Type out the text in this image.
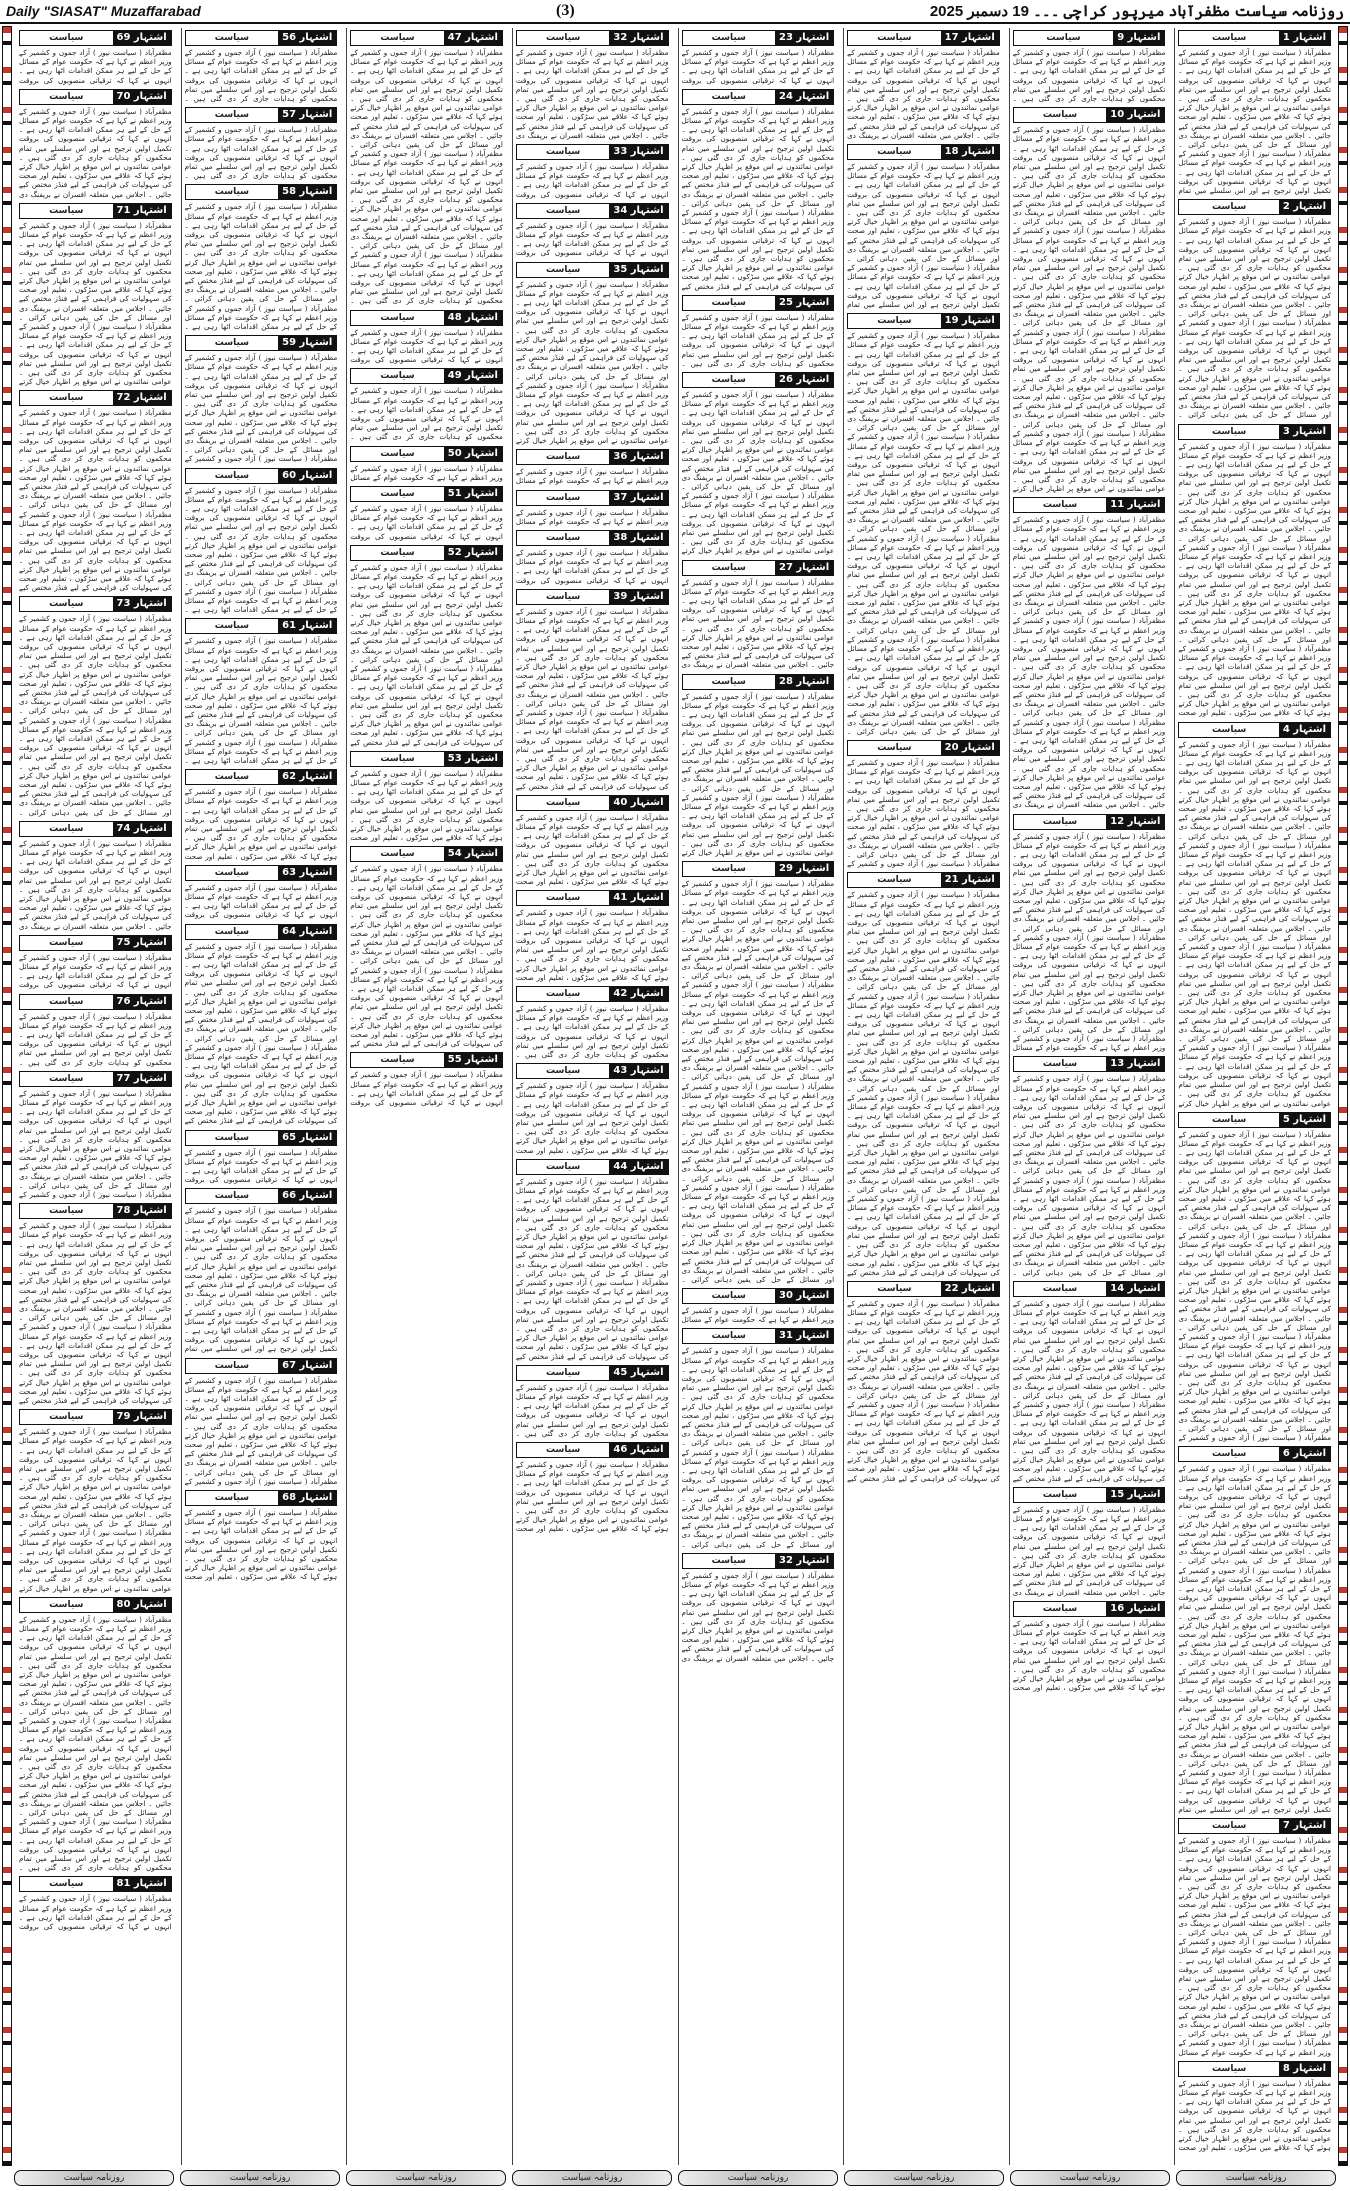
Daily "SIASAT" Muzaffarabad	(3)	روزنامہ سیاست مظفرآباد میرپور کراچی ۔۔۔ 19 دسمبر 2025
اشتہار 1
سیاست
مظفرآباد ( سیاست نیوز ) آزاد جموں و کشمیر کے وزیر اعظم نے کہا ہے کہ حکومت عوام کے مسائل کے حل کے لیے ہر ممکن اقدامات اٹھا رہی ہے ۔ انہوں نے کہا کہ ترقیاتی منصوبوں کی بروقت تکمیل اولین ترجیح ہے اور اس سلسلے میں تمام محکموں کو ہدایات جاری کر دی گئی ہیں ۔ عوامی نمائندوں نے اس موقع پر اظہار خیال کرتے ہوئے کہا کہ علاقے میں سڑکوں ، تعلیم اور صحت کی سہولیات کی فراہمی کے لیے فنڈز مختص کیے جائیں ۔ اجلاس میں متعلقہ افسران نے بریفنگ دی اور مسائل کے حل کی یقین دہانی کرائی ۔ مظفرآباد ( سیاست نیوز ) آزاد جموں و کشمیر کے وزیر اعظم نے کہا ہے کہ حکومت عوام کے مسائل کے حل کے لیے ہر ممکن اقدامات اٹھا رہی ہے ۔ انہوں نے کہا کہ ترقیاتی منصوبوں کی بروقت تکمیل اولین ترجیح ہے اور اس سلسلے میں تمام
اشتہار 2
سیاست
مظفرآباد ( سیاست نیوز ) آزاد جموں و کشمیر کے وزیر اعظم نے کہا ہے کہ حکومت عوام کے مسائل کے حل کے لیے ہر ممکن اقدامات اٹھا رہی ہے ۔ انہوں نے کہا کہ ترقیاتی منصوبوں کی بروقت تکمیل اولین ترجیح ہے اور اس سلسلے میں تمام محکموں کو ہدایات جاری کر دی گئی ہیں ۔ عوامی نمائندوں نے اس موقع پر اظہار خیال کرتے ہوئے کہا کہ علاقے میں سڑکوں ، تعلیم اور صحت کی سہولیات کی فراہمی کے لیے فنڈز مختص کیے جائیں ۔ اجلاس میں متعلقہ افسران نے بریفنگ دی اور مسائل کے حل کی یقین دہانی کرائی ۔ مظفرآباد ( سیاست نیوز ) آزاد جموں و کشمیر کے وزیر اعظم نے کہا ہے کہ حکومت عوام کے مسائل کے حل کے لیے ہر ممکن اقدامات اٹھا رہی ہے ۔ انہوں نے کہا کہ ترقیاتی منصوبوں کی بروقت تکمیل اولین ترجیح ہے اور اس سلسلے میں تمام محکموں کو ہدایات جاری کر دی گئی ہیں ۔ عوامی نمائندوں نے اس موقع پر اظہار خیال کرتے ہوئے کہا کہ علاقے میں سڑکوں ، تعلیم اور صحت کی سہولیات کی فراہمی کے لیے فنڈز مختص کیے جائیں ۔ اجلاس میں متعلقہ افسران نے بریفنگ دی اور مسائل کے حل کی یقین دہانی کرائی ۔
اشتہار 3
سیاست
مظفرآباد ( سیاست نیوز ) آزاد جموں و کشمیر کے وزیر اعظم نے کہا ہے کہ حکومت عوام کے مسائل کے حل کے لیے ہر ممکن اقدامات اٹھا رہی ہے ۔ انہوں نے کہا کہ ترقیاتی منصوبوں کی بروقت تکمیل اولین ترجیح ہے اور اس سلسلے میں تمام محکموں کو ہدایات جاری کر دی گئی ہیں ۔ عوامی نمائندوں نے اس موقع پر اظہار خیال کرتے ہوئے کہا کہ علاقے میں سڑکوں ، تعلیم اور صحت کی سہولیات کی فراہمی کے لیے فنڈز مختص کیے جائیں ۔ اجلاس میں متعلقہ افسران نے بریفنگ دی اور مسائل کے حل کی یقین دہانی کرائی ۔ مظفرآباد ( سیاست نیوز ) آزاد جموں و کشمیر کے وزیر اعظم نے کہا ہے کہ حکومت عوام کے مسائل کے حل کے لیے ہر ممکن اقدامات اٹھا رہی ہے ۔ انہوں نے کہا کہ ترقیاتی منصوبوں کی بروقت تکمیل اولین ترجیح ہے اور اس سلسلے میں تمام محکموں کو ہدایات جاری کر دی گئی ہیں ۔ عوامی نمائندوں نے اس موقع پر اظہار خیال کرتے ہوئے کہا کہ علاقے میں سڑکوں ، تعلیم اور صحت کی سہولیات کی فراہمی کے لیے فنڈز مختص کیے جائیں ۔ اجلاس میں متعلقہ افسران نے بریفنگ دی اور مسائل کے حل کی یقین دہانی کرائی ۔ مظفرآباد ( سیاست نیوز ) آزاد جموں و کشمیر کے وزیر اعظم نے کہا ہے کہ حکومت عوام کے مسائل کے حل کے لیے ہر ممکن اقدامات اٹھا رہی ہے ۔ انہوں نے کہا کہ ترقیاتی منصوبوں کی بروقت تکمیل اولین ترجیح ہے اور اس سلسلے میں تمام محکموں کو ہدایات جاری کر دی گئی ہیں ۔ عوامی نمائندوں نے اس موقع پر اظہار خیال کرتے ہوئے کہا کہ علاقے میں سڑکوں ، تعلیم اور صحت
اشتہار 4
سیاست
مظفرآباد ( سیاست نیوز ) آزاد جموں و کشمیر کے وزیر اعظم نے کہا ہے کہ حکومت عوام کے مسائل کے حل کے لیے ہر ممکن اقدامات اٹھا رہی ہے ۔ انہوں نے کہا کہ ترقیاتی منصوبوں کی بروقت تکمیل اولین ترجیح ہے اور اس سلسلے میں تمام محکموں کو ہدایات جاری کر دی گئی ہیں ۔ عوامی نمائندوں نے اس موقع پر اظہار خیال کرتے ہوئے کہا کہ علاقے میں سڑکوں ، تعلیم اور صحت کی سہولیات کی فراہمی کے لیے فنڈز مختص کیے جائیں ۔ اجلاس میں متعلقہ افسران نے بریفنگ دی اور مسائل کے حل کی یقین دہانی کرائی ۔ مظفرآباد ( سیاست نیوز ) آزاد جموں و کشمیر کے وزیر اعظم نے کہا ہے کہ حکومت عوام کے مسائل کے حل کے لیے ہر ممکن اقدامات اٹھا رہی ہے ۔ انہوں نے کہا کہ ترقیاتی منصوبوں کی بروقت تکمیل اولین ترجیح ہے اور اس سلسلے میں تمام محکموں کو ہدایات جاری کر دی گئی ہیں ۔ عوامی نمائندوں نے اس موقع پر اظہار خیال کرتے ہوئے کہا کہ علاقے میں سڑکوں ، تعلیم اور صحت کی سہولیات کی فراہمی کے لیے فنڈز مختص کیے جائیں ۔ اجلاس میں متعلقہ افسران نے بریفنگ دی اور مسائل کے حل کی یقین دہانی کرائی ۔ مظفرآباد ( سیاست نیوز ) آزاد جموں و کشمیر کے وزیر اعظم نے کہا ہے کہ حکومت عوام کے مسائل کے حل کے لیے ہر ممکن اقدامات اٹھا رہی ہے ۔ انہوں نے کہا کہ ترقیاتی منصوبوں کی بروقت تکمیل اولین ترجیح ہے اور اس سلسلے میں تمام محکموں کو ہدایات جاری کر دی گئی ہیں ۔ عوامی نمائندوں نے اس موقع پر اظہار خیال کرتے ہوئے کہا کہ علاقے میں سڑکوں ، تعلیم اور صحت کی سہولیات کی فراہمی کے لیے فنڈز مختص کیے جائیں ۔ اجلاس میں متعلقہ افسران نے بریفنگ دی اور مسائل کے حل کی یقین دہانی کرائی ۔ مظفرآباد ( سیاست نیوز ) آزاد جموں و کشمیر کے وزیر اعظم نے کہا ہے کہ حکومت عوام کے مسائل کے حل کے لیے ہر ممکن اقدامات اٹھا رہی ہے ۔ انہوں نے کہا کہ ترقیاتی منصوبوں کی بروقت تکمیل اولین ترجیح ہے اور اس سلسلے میں تمام محکموں کو ہدایات جاری کر دی گئی ہیں ۔ عوامی نمائندوں نے اس موقع پر اظہار خیال کرتے
اشتہار 5
سیاست
مظفرآباد ( سیاست نیوز ) آزاد جموں و کشمیر کے وزیر اعظم نے کہا ہے کہ حکومت عوام کے مسائل کے حل کے لیے ہر ممکن اقدامات اٹھا رہی ہے ۔ انہوں نے کہا کہ ترقیاتی منصوبوں کی بروقت تکمیل اولین ترجیح ہے اور اس سلسلے میں تمام محکموں کو ہدایات جاری کر دی گئی ہیں ۔ عوامی نمائندوں نے اس موقع پر اظہار خیال کرتے ہوئے کہا کہ علاقے میں سڑکوں ، تعلیم اور صحت کی سہولیات کی فراہمی کے لیے فنڈز مختص کیے جائیں ۔ اجلاس میں متعلقہ افسران نے بریفنگ دی اور مسائل کے حل کی یقین دہانی کرائی ۔ مظفرآباد ( سیاست نیوز ) آزاد جموں و کشمیر کے وزیر اعظم نے کہا ہے کہ حکومت عوام کے مسائل کے حل کے لیے ہر ممکن اقدامات اٹھا رہی ہے ۔ انہوں نے کہا کہ ترقیاتی منصوبوں کی بروقت تکمیل اولین ترجیح ہے اور اس سلسلے میں تمام محکموں کو ہدایات جاری کر دی گئی ہیں ۔ عوامی نمائندوں نے اس موقع پر اظہار خیال کرتے ہوئے کہا کہ علاقے میں سڑکوں ، تعلیم اور صحت کی سہولیات کی فراہمی کے لیے فنڈز مختص کیے جائیں ۔ اجلاس میں متعلقہ افسران نے بریفنگ دی اور مسائل کے حل کی یقین دہانی کرائی ۔ مظفرآباد ( سیاست نیوز ) آزاد جموں و کشمیر کے وزیر اعظم نے کہا ہے کہ حکومت عوام کے مسائل کے حل کے لیے ہر ممکن اقدامات اٹھا رہی ہے ۔ انہوں نے کہا کہ ترقیاتی منصوبوں کی بروقت تکمیل اولین ترجیح ہے اور اس سلسلے میں تمام محکموں کو ہدایات جاری کر دی گئی ہیں ۔ عوامی نمائندوں نے اس موقع پر اظہار خیال کرتے ہوئے کہا کہ علاقے میں سڑکوں ، تعلیم اور صحت کی سہولیات کی فراہمی کے لیے فنڈز مختص کیے جائیں ۔ اجلاس میں متعلقہ افسران نے بریفنگ دی اور مسائل کے حل کی یقین دہانی کرائی ۔ مظفرآباد ( سیاست نیوز ) آزاد جموں و کشمیر کے
اشتہار 6
سیاست
مظفرآباد ( سیاست نیوز ) آزاد جموں و کشمیر کے وزیر اعظم نے کہا ہے کہ حکومت عوام کے مسائل کے حل کے لیے ہر ممکن اقدامات اٹھا رہی ہے ۔ انہوں نے کہا کہ ترقیاتی منصوبوں کی بروقت تکمیل اولین ترجیح ہے اور اس سلسلے میں تمام محکموں کو ہدایات جاری کر دی گئی ہیں ۔ عوامی نمائندوں نے اس موقع پر اظہار خیال کرتے ہوئے کہا کہ علاقے میں سڑکوں ، تعلیم اور صحت کی سہولیات کی فراہمی کے لیے فنڈز مختص کیے جائیں ۔ اجلاس میں متعلقہ افسران نے بریفنگ دی اور مسائل کے حل کی یقین دہانی کرائی ۔ مظفرآباد ( سیاست نیوز ) آزاد جموں و کشمیر کے وزیر اعظم نے کہا ہے کہ حکومت عوام کے مسائل کے حل کے لیے ہر ممکن اقدامات اٹھا رہی ہے ۔ انہوں نے کہا کہ ترقیاتی منصوبوں کی بروقت تکمیل اولین ترجیح ہے اور اس سلسلے میں تمام محکموں کو ہدایات جاری کر دی گئی ہیں ۔ عوامی نمائندوں نے اس موقع پر اظہار خیال کرتے ہوئے کہا کہ علاقے میں سڑکوں ، تعلیم اور صحت کی سہولیات کی فراہمی کے لیے فنڈز مختص کیے جائیں ۔ اجلاس میں متعلقہ افسران نے بریفنگ دی اور مسائل کے حل کی یقین دہانی کرائی ۔ مظفرآباد ( سیاست نیوز ) آزاد جموں و کشمیر کے وزیر اعظم نے کہا ہے کہ حکومت عوام کے مسائل کے حل کے لیے ہر ممکن اقدامات اٹھا رہی ہے ۔ انہوں نے کہا کہ ترقیاتی منصوبوں کی بروقت تکمیل اولین ترجیح ہے اور اس سلسلے میں تمام محکموں کو ہدایات جاری کر دی گئی ہیں ۔ عوامی نمائندوں نے اس موقع پر اظہار خیال کرتے ہوئے کہا کہ علاقے میں سڑکوں ، تعلیم اور صحت کی سہولیات کی فراہمی کے لیے فنڈز مختص کیے جائیں ۔ اجلاس میں متعلقہ افسران نے بریفنگ دی اور مسائل کے حل کی یقین دہانی کرائی ۔ مظفرآباد ( سیاست نیوز ) آزاد جموں و کشمیر کے وزیر اعظم نے کہا ہے کہ حکومت عوام کے مسائل کے حل کے لیے ہر ممکن اقدامات اٹھا رہی ہے ۔ انہوں نے کہا کہ ترقیاتی منصوبوں کی بروقت تکمیل اولین ترجیح ہے اور اس سلسلے میں تمام
اشتہار 7
سیاست
مظفرآباد ( سیاست نیوز ) آزاد جموں و کشمیر کے وزیر اعظم نے کہا ہے کہ حکومت عوام کے مسائل کے حل کے لیے ہر ممکن اقدامات اٹھا رہی ہے ۔ انہوں نے کہا کہ ترقیاتی منصوبوں کی بروقت تکمیل اولین ترجیح ہے اور اس سلسلے میں تمام محکموں کو ہدایات جاری کر دی گئی ہیں ۔ عوامی نمائندوں نے اس موقع پر اظہار خیال کرتے ہوئے کہا کہ علاقے میں سڑکوں ، تعلیم اور صحت کی سہولیات کی فراہمی کے لیے فنڈز مختص کیے جائیں ۔ اجلاس میں متعلقہ افسران نے بریفنگ دی اور مسائل کے حل کی یقین دہانی کرائی ۔ مظفرآباد ( سیاست نیوز ) آزاد جموں و کشمیر کے وزیر اعظم نے کہا ہے کہ حکومت عوام کے مسائل کے حل کے لیے ہر ممکن اقدامات اٹھا رہی ہے ۔ انہوں نے کہا کہ ترقیاتی منصوبوں کی بروقت تکمیل اولین ترجیح ہے اور اس سلسلے میں تمام محکموں کو ہدایات جاری کر دی گئی ہیں ۔ عوامی نمائندوں نے اس موقع پر اظہار خیال کرتے ہوئے کہا کہ علاقے میں سڑکوں ، تعلیم اور صحت کی سہولیات کی فراہمی کے لیے فنڈز مختص کیے جائیں ۔ اجلاس میں متعلقہ افسران نے بریفنگ دی اور مسائل کے حل کی یقین دہانی کرائی ۔ مظفرآباد ( سیاست نیوز ) آزاد جموں و کشمیر کے وزیر اعظم نے کہا ہے کہ حکومت عوام کے مسائل
اشتہار 8
سیاست
مظفرآباد ( سیاست نیوز ) آزاد جموں و کشمیر کے وزیر اعظم نے کہا ہے کہ حکومت عوام کے مسائل کے حل کے لیے ہر ممکن اقدامات اٹھا رہی ہے ۔ انہوں نے کہا کہ ترقیاتی منصوبوں کی بروقت تکمیل اولین ترجیح ہے اور اس سلسلے میں تمام محکموں کو ہدایات جاری کر دی گئی ہیں ۔ عوامی نمائندوں نے اس موقع پر اظہار خیال کرتے ہوئے کہا کہ علاقے میں سڑکوں ، تعلیم اور صحت
اشتہار 9
سیاست
مظفرآباد ( سیاست نیوز ) آزاد جموں و کشمیر کے وزیر اعظم نے کہا ہے کہ حکومت عوام کے مسائل کے حل کے لیے ہر ممکن اقدامات اٹھا رہی ہے ۔ انہوں نے کہا کہ ترقیاتی منصوبوں کی بروقت تکمیل اولین ترجیح ہے اور اس سلسلے میں تمام محکموں کو ہدایات جاری کر دی گئی ہیں ۔
اشتہار 10
سیاست
مظفرآباد ( سیاست نیوز ) آزاد جموں و کشمیر کے وزیر اعظم نے کہا ہے کہ حکومت عوام کے مسائل کے حل کے لیے ہر ممکن اقدامات اٹھا رہی ہے ۔ انہوں نے کہا کہ ترقیاتی منصوبوں کی بروقت تکمیل اولین ترجیح ہے اور اس سلسلے میں تمام محکموں کو ہدایات جاری کر دی گئی ہیں ۔ عوامی نمائندوں نے اس موقع پر اظہار خیال کرتے ہوئے کہا کہ علاقے میں سڑکوں ، تعلیم اور صحت کی سہولیات کی فراہمی کے لیے فنڈز مختص کیے جائیں ۔ اجلاس میں متعلقہ افسران نے بریفنگ دی اور مسائل کے حل کی یقین دہانی کرائی ۔ مظفرآباد ( سیاست نیوز ) آزاد جموں و کشمیر کے وزیر اعظم نے کہا ہے کہ حکومت عوام کے مسائل کے حل کے لیے ہر ممکن اقدامات اٹھا رہی ہے ۔ انہوں نے کہا کہ ترقیاتی منصوبوں کی بروقت تکمیل اولین ترجیح ہے اور اس سلسلے میں تمام محکموں کو ہدایات جاری کر دی گئی ہیں ۔ عوامی نمائندوں نے اس موقع پر اظہار خیال کرتے ہوئے کہا کہ علاقے میں سڑکوں ، تعلیم اور صحت کی سہولیات کی فراہمی کے لیے فنڈز مختص کیے جائیں ۔ اجلاس میں متعلقہ افسران نے بریفنگ دی اور مسائل کے حل کی یقین دہانی کرائی ۔ مظفرآباد ( سیاست نیوز ) آزاد جموں و کشمیر کے وزیر اعظم نے کہا ہے کہ حکومت عوام کے مسائل کے حل کے لیے ہر ممکن اقدامات اٹھا رہی ہے ۔ انہوں نے کہا کہ ترقیاتی منصوبوں کی بروقت تکمیل اولین ترجیح ہے اور اس سلسلے میں تمام محکموں کو ہدایات جاری کر دی گئی ہیں ۔ عوامی نمائندوں نے اس موقع پر اظہار خیال کرتے ہوئے کہا کہ علاقے میں سڑکوں ، تعلیم اور صحت کی سہولیات کی فراہمی کے لیے فنڈز مختص کیے جائیں ۔ اجلاس میں متعلقہ افسران نے بریفنگ دی اور مسائل کے حل کی یقین دہانی کرائی ۔ مظفرآباد ( سیاست نیوز ) آزاد جموں و کشمیر کے وزیر اعظم نے کہا ہے کہ حکومت عوام کے مسائل کے حل کے لیے ہر ممکن اقدامات اٹھا رہی ہے ۔ انہوں نے کہا کہ ترقیاتی منصوبوں کی بروقت تکمیل اولین ترجیح ہے اور اس سلسلے میں تمام محکموں کو ہدایات جاری کر دی گئی ہیں ۔ عوامی نمائندوں نے اس موقع پر اظہار خیال کرتے
اشتہار 11
سیاست
مظفرآباد ( سیاست نیوز ) آزاد جموں و کشمیر کے وزیر اعظم نے کہا ہے کہ حکومت عوام کے مسائل کے حل کے لیے ہر ممکن اقدامات اٹھا رہی ہے ۔ انہوں نے کہا کہ ترقیاتی منصوبوں کی بروقت تکمیل اولین ترجیح ہے اور اس سلسلے میں تمام محکموں کو ہدایات جاری کر دی گئی ہیں ۔ عوامی نمائندوں نے اس موقع پر اظہار خیال کرتے ہوئے کہا کہ علاقے میں سڑکوں ، تعلیم اور صحت کی سہولیات کی فراہمی کے لیے فنڈز مختص کیے جائیں ۔ اجلاس میں متعلقہ افسران نے بریفنگ دی اور مسائل کے حل کی یقین دہانی کرائی ۔ مظفرآباد ( سیاست نیوز ) آزاد جموں و کشمیر کے وزیر اعظم نے کہا ہے کہ حکومت عوام کے مسائل کے حل کے لیے ہر ممکن اقدامات اٹھا رہی ہے ۔ انہوں نے کہا کہ ترقیاتی منصوبوں کی بروقت تکمیل اولین ترجیح ہے اور اس سلسلے میں تمام محکموں کو ہدایات جاری کر دی گئی ہیں ۔ عوامی نمائندوں نے اس موقع پر اظہار خیال کرتے ہوئے کہا کہ علاقے میں سڑکوں ، تعلیم اور صحت کی سہولیات کی فراہمی کے لیے فنڈز مختص کیے جائیں ۔ اجلاس میں متعلقہ افسران نے بریفنگ دی اور مسائل کے حل کی یقین دہانی کرائی ۔ مظفرآباد ( سیاست نیوز ) آزاد جموں و کشمیر کے وزیر اعظم نے کہا ہے کہ حکومت عوام کے مسائل کے حل کے لیے ہر ممکن اقدامات اٹھا رہی ہے ۔ انہوں نے کہا کہ ترقیاتی منصوبوں کی بروقت تکمیل اولین ترجیح ہے اور اس سلسلے میں تمام محکموں کو ہدایات جاری کر دی گئی ہیں ۔ عوامی نمائندوں نے اس موقع پر اظہار خیال کرتے ہوئے کہا کہ علاقے میں سڑکوں ، تعلیم اور صحت کی سہولیات کی فراہمی کے لیے فنڈز مختص کیے جائیں ۔ اجلاس میں متعلقہ افسران نے بریفنگ دی
اشتہار 12
سیاست
مظفرآباد ( سیاست نیوز ) آزاد جموں و کشمیر کے وزیر اعظم نے کہا ہے کہ حکومت عوام کے مسائل کے حل کے لیے ہر ممکن اقدامات اٹھا رہی ہے ۔ انہوں نے کہا کہ ترقیاتی منصوبوں کی بروقت تکمیل اولین ترجیح ہے اور اس سلسلے میں تمام محکموں کو ہدایات جاری کر دی گئی ہیں ۔ عوامی نمائندوں نے اس موقع پر اظہار خیال کرتے ہوئے کہا کہ علاقے میں سڑکوں ، تعلیم اور صحت کی سہولیات کی فراہمی کے لیے فنڈز مختص کیے جائیں ۔ اجلاس میں متعلقہ افسران نے بریفنگ دی اور مسائل کے حل کی یقین دہانی کرائی ۔ مظفرآباد ( سیاست نیوز ) آزاد جموں و کشمیر کے وزیر اعظم نے کہا ہے کہ حکومت عوام کے مسائل کے حل کے لیے ہر ممکن اقدامات اٹھا رہی ہے ۔ انہوں نے کہا کہ ترقیاتی منصوبوں کی بروقت تکمیل اولین ترجیح ہے اور اس سلسلے میں تمام محکموں کو ہدایات جاری کر دی گئی ہیں ۔ عوامی نمائندوں نے اس موقع پر اظہار خیال کرتے ہوئے کہا کہ علاقے میں سڑکوں ، تعلیم اور صحت کی سہولیات کی فراہمی کے لیے فنڈز مختص کیے جائیں ۔ اجلاس میں متعلقہ افسران نے بریفنگ دی اور مسائل کے حل کی یقین دہانی کرائی ۔ مظفرآباد ( سیاست نیوز ) آزاد جموں و کشمیر کے وزیر اعظم نے کہا ہے کہ حکومت عوام کے مسائل
اشتہار 13
سیاست
مظفرآباد ( سیاست نیوز ) آزاد جموں و کشمیر کے وزیر اعظم نے کہا ہے کہ حکومت عوام کے مسائل کے حل کے لیے ہر ممکن اقدامات اٹھا رہی ہے ۔ انہوں نے کہا کہ ترقیاتی منصوبوں کی بروقت تکمیل اولین ترجیح ہے اور اس سلسلے میں تمام محکموں کو ہدایات جاری کر دی گئی ہیں ۔ عوامی نمائندوں نے اس موقع پر اظہار خیال کرتے ہوئے کہا کہ علاقے میں سڑکوں ، تعلیم اور صحت کی سہولیات کی فراہمی کے لیے فنڈز مختص کیے جائیں ۔ اجلاس میں متعلقہ افسران نے بریفنگ دی اور مسائل کے حل کی یقین دہانی کرائی ۔ مظفرآباد ( سیاست نیوز ) آزاد جموں و کشمیر کے وزیر اعظم نے کہا ہے کہ حکومت عوام کے مسائل کے حل کے لیے ہر ممکن اقدامات اٹھا رہی ہے ۔ انہوں نے کہا کہ ترقیاتی منصوبوں کی بروقت تکمیل اولین ترجیح ہے اور اس سلسلے میں تمام محکموں کو ہدایات جاری کر دی گئی ہیں ۔ عوامی نمائندوں نے اس موقع پر اظہار خیال کرتے ہوئے کہا کہ علاقے میں سڑکوں ، تعلیم اور صحت کی سہولیات کی فراہمی کے لیے فنڈز مختص کیے جائیں ۔ اجلاس میں متعلقہ افسران نے بریفنگ دی اور مسائل کے حل کی یقین دہانی کرائی ۔
اشتہار 14
سیاست
مظفرآباد ( سیاست نیوز ) آزاد جموں و کشمیر کے وزیر اعظم نے کہا ہے کہ حکومت عوام کے مسائل کے حل کے لیے ہر ممکن اقدامات اٹھا رہی ہے ۔ انہوں نے کہا کہ ترقیاتی منصوبوں کی بروقت تکمیل اولین ترجیح ہے اور اس سلسلے میں تمام محکموں کو ہدایات جاری کر دی گئی ہیں ۔ عوامی نمائندوں نے اس موقع پر اظہار خیال کرتے ہوئے کہا کہ علاقے میں سڑکوں ، تعلیم اور صحت کی سہولیات کی فراہمی کے لیے فنڈز مختص کیے جائیں ۔ اجلاس میں متعلقہ افسران نے بریفنگ دی اور مسائل کے حل کی یقین دہانی کرائی ۔ مظفرآباد ( سیاست نیوز ) آزاد جموں و کشمیر کے وزیر اعظم نے کہا ہے کہ حکومت عوام کے مسائل کے حل کے لیے ہر ممکن اقدامات اٹھا رہی ہے ۔ انہوں نے کہا کہ ترقیاتی منصوبوں کی بروقت تکمیل اولین ترجیح ہے اور اس سلسلے میں تمام محکموں کو ہدایات جاری کر دی گئی ہیں ۔ عوامی نمائندوں نے اس موقع پر اظہار خیال کرتے ہوئے کہا کہ علاقے میں سڑکوں ، تعلیم اور صحت کی سہولیات کی فراہمی کے لیے فنڈز مختص کیے
اشتہار 15
سیاست
مظفرآباد ( سیاست نیوز ) آزاد جموں و کشمیر کے وزیر اعظم نے کہا ہے کہ حکومت عوام کے مسائل کے حل کے لیے ہر ممکن اقدامات اٹھا رہی ہے ۔ انہوں نے کہا کہ ترقیاتی منصوبوں کی بروقت تکمیل اولین ترجیح ہے اور اس سلسلے میں تمام محکموں کو ہدایات جاری کر دی گئی ہیں ۔ عوامی نمائندوں نے اس موقع پر اظہار خیال کرتے ہوئے کہا کہ علاقے میں سڑکوں ، تعلیم اور صحت کی سہولیات کی فراہمی کے لیے فنڈز مختص کیے جائیں ۔ اجلاس میں متعلقہ افسران نے بریفنگ دی
اشتہار 16
سیاست
مظفرآباد ( سیاست نیوز ) آزاد جموں و کشمیر کے وزیر اعظم نے کہا ہے کہ حکومت عوام کے مسائل کے حل کے لیے ہر ممکن اقدامات اٹھا رہی ہے ۔ انہوں نے کہا کہ ترقیاتی منصوبوں کی بروقت تکمیل اولین ترجیح ہے اور اس سلسلے میں تمام محکموں کو ہدایات جاری کر دی گئی ہیں ۔ عوامی نمائندوں نے اس موقع پر اظہار خیال کرتے ہوئے کہا کہ علاقے میں سڑکوں ، تعلیم اور صحت
اشتہار 17
سیاست
مظفرآباد ( سیاست نیوز ) آزاد جموں و کشمیر کے وزیر اعظم نے کہا ہے کہ حکومت عوام کے مسائل کے حل کے لیے ہر ممکن اقدامات اٹھا رہی ہے ۔ انہوں نے کہا کہ ترقیاتی منصوبوں کی بروقت تکمیل اولین ترجیح ہے اور اس سلسلے میں تمام محکموں کو ہدایات جاری کر دی گئی ہیں ۔ عوامی نمائندوں نے اس موقع پر اظہار خیال کرتے ہوئے کہا کہ علاقے میں سڑکوں ، تعلیم اور صحت کی سہولیات کی فراہمی کے لیے فنڈز مختص کیے جائیں ۔ اجلاس میں متعلقہ افسران نے بریفنگ دی
اشتہار 18
سیاست
مظفرآباد ( سیاست نیوز ) آزاد جموں و کشمیر کے وزیر اعظم نے کہا ہے کہ حکومت عوام کے مسائل کے حل کے لیے ہر ممکن اقدامات اٹھا رہی ہے ۔ انہوں نے کہا کہ ترقیاتی منصوبوں کی بروقت تکمیل اولین ترجیح ہے اور اس سلسلے میں تمام محکموں کو ہدایات جاری کر دی گئی ہیں ۔ عوامی نمائندوں نے اس موقع پر اظہار خیال کرتے ہوئے کہا کہ علاقے میں سڑکوں ، تعلیم اور صحت کی سہولیات کی فراہمی کے لیے فنڈز مختص کیے جائیں ۔ اجلاس میں متعلقہ افسران نے بریفنگ دی اور مسائل کے حل کی یقین دہانی کرائی ۔ مظفرآباد ( سیاست نیوز ) آزاد جموں و کشمیر کے وزیر اعظم نے کہا ہے کہ حکومت عوام کے مسائل کے حل کے لیے ہر ممکن اقدامات اٹھا رہی ہے ۔ انہوں نے کہا کہ ترقیاتی منصوبوں کی بروقت تکمیل اولین ترجیح ہے اور اس سلسلے میں تمام
اشتہار 19
سیاست
مظفرآباد ( سیاست نیوز ) آزاد جموں و کشمیر کے وزیر اعظم نے کہا ہے کہ حکومت عوام کے مسائل کے حل کے لیے ہر ممکن اقدامات اٹھا رہی ہے ۔ انہوں نے کہا کہ ترقیاتی منصوبوں کی بروقت تکمیل اولین ترجیح ہے اور اس سلسلے میں تمام محکموں کو ہدایات جاری کر دی گئی ہیں ۔ عوامی نمائندوں نے اس موقع پر اظہار خیال کرتے ہوئے کہا کہ علاقے میں سڑکوں ، تعلیم اور صحت کی سہولیات کی فراہمی کے لیے فنڈز مختص کیے جائیں ۔ اجلاس میں متعلقہ افسران نے بریفنگ دی اور مسائل کے حل کی یقین دہانی کرائی ۔ مظفرآباد ( سیاست نیوز ) آزاد جموں و کشمیر کے وزیر اعظم نے کہا ہے کہ حکومت عوام کے مسائل کے حل کے لیے ہر ممکن اقدامات اٹھا رہی ہے ۔ انہوں نے کہا کہ ترقیاتی منصوبوں کی بروقت تکمیل اولین ترجیح ہے اور اس سلسلے میں تمام محکموں کو ہدایات جاری کر دی گئی ہیں ۔ عوامی نمائندوں نے اس موقع پر اظہار خیال کرتے ہوئے کہا کہ علاقے میں سڑکوں ، تعلیم اور صحت کی سہولیات کی فراہمی کے لیے فنڈز مختص کیے جائیں ۔ اجلاس میں متعلقہ افسران نے بریفنگ دی اور مسائل کے حل کی یقین دہانی کرائی ۔ مظفرآباد ( سیاست نیوز ) آزاد جموں و کشمیر کے وزیر اعظم نے کہا ہے کہ حکومت عوام کے مسائل کے حل کے لیے ہر ممکن اقدامات اٹھا رہی ہے ۔ انہوں نے کہا کہ ترقیاتی منصوبوں کی بروقت تکمیل اولین ترجیح ہے اور اس سلسلے میں تمام محکموں کو ہدایات جاری کر دی گئی ہیں ۔ عوامی نمائندوں نے اس موقع پر اظہار خیال کرتے ہوئے کہا کہ علاقے میں سڑکوں ، تعلیم اور صحت کی سہولیات کی فراہمی کے لیے فنڈز مختص کیے جائیں ۔ اجلاس میں متعلقہ افسران نے بریفنگ دی اور مسائل کے حل کی یقین دہانی کرائی ۔ مظفرآباد ( سیاست نیوز ) آزاد جموں و کشمیر کے وزیر اعظم نے کہا ہے کہ حکومت عوام کے مسائل کے حل کے لیے ہر ممکن اقدامات اٹھا رہی ہے ۔ انہوں نے کہا کہ ترقیاتی منصوبوں کی بروقت تکمیل اولین ترجیح ہے اور اس سلسلے میں تمام محکموں کو ہدایات جاری کر دی گئی ہیں ۔ عوامی نمائندوں نے اس موقع پر اظہار خیال کرتے ہوئے کہا کہ علاقے میں سڑکوں ، تعلیم اور صحت کی سہولیات کی فراہمی کے لیے فنڈز مختص کیے جائیں ۔ اجلاس میں متعلقہ افسران نے بریفنگ دی اور مسائل کے حل کی یقین دہانی کرائی ۔
اشتہار 20
سیاست
مظفرآباد ( سیاست نیوز ) آزاد جموں و کشمیر کے وزیر اعظم نے کہا ہے کہ حکومت عوام کے مسائل کے حل کے لیے ہر ممکن اقدامات اٹھا رہی ہے ۔ انہوں نے کہا کہ ترقیاتی منصوبوں کی بروقت تکمیل اولین ترجیح ہے اور اس سلسلے میں تمام محکموں کو ہدایات جاری کر دی گئی ہیں ۔ عوامی نمائندوں نے اس موقع پر اظہار خیال کرتے ہوئے کہا کہ علاقے میں سڑکوں ، تعلیم اور صحت کی سہولیات کی فراہمی کے لیے فنڈز مختص کیے جائیں ۔ اجلاس میں متعلقہ افسران نے بریفنگ دی اور مسائل کے حل کی یقین دہانی کرائی ۔ مظفرآباد ( سیاست نیوز ) آزاد جموں و کشمیر کے
اشتہار 21
سیاست
مظفرآباد ( سیاست نیوز ) آزاد جموں و کشمیر کے وزیر اعظم نے کہا ہے کہ حکومت عوام کے مسائل کے حل کے لیے ہر ممکن اقدامات اٹھا رہی ہے ۔ انہوں نے کہا کہ ترقیاتی منصوبوں کی بروقت تکمیل اولین ترجیح ہے اور اس سلسلے میں تمام محکموں کو ہدایات جاری کر دی گئی ہیں ۔ عوامی نمائندوں نے اس موقع پر اظہار خیال کرتے ہوئے کہا کہ علاقے میں سڑکوں ، تعلیم اور صحت کی سہولیات کی فراہمی کے لیے فنڈز مختص کیے جائیں ۔ اجلاس میں متعلقہ افسران نے بریفنگ دی اور مسائل کے حل کی یقین دہانی کرائی ۔ مظفرآباد ( سیاست نیوز ) آزاد جموں و کشمیر کے وزیر اعظم نے کہا ہے کہ حکومت عوام کے مسائل کے حل کے لیے ہر ممکن اقدامات اٹھا رہی ہے ۔ انہوں نے کہا کہ ترقیاتی منصوبوں کی بروقت تکمیل اولین ترجیح ہے اور اس سلسلے میں تمام محکموں کو ہدایات جاری کر دی گئی ہیں ۔ عوامی نمائندوں نے اس موقع پر اظہار خیال کرتے ہوئے کہا کہ علاقے میں سڑکوں ، تعلیم اور صحت کی سہولیات کی فراہمی کے لیے فنڈز مختص کیے جائیں ۔ اجلاس میں متعلقہ افسران نے بریفنگ دی اور مسائل کے حل کی یقین دہانی کرائی ۔ مظفرآباد ( سیاست نیوز ) آزاد جموں و کشمیر کے وزیر اعظم نے کہا ہے کہ حکومت عوام کے مسائل کے حل کے لیے ہر ممکن اقدامات اٹھا رہی ہے ۔ انہوں نے کہا کہ ترقیاتی منصوبوں کی بروقت تکمیل اولین ترجیح ہے اور اس سلسلے میں تمام محکموں کو ہدایات جاری کر دی گئی ہیں ۔ عوامی نمائندوں نے اس موقع پر اظہار خیال کرتے ہوئے کہا کہ علاقے میں سڑکوں ، تعلیم اور صحت کی سہولیات کی فراہمی کے لیے فنڈز مختص کیے جائیں ۔ اجلاس میں متعلقہ افسران نے بریفنگ دی اور مسائل کے حل کی یقین دہانی کرائی ۔ مظفرآباد ( سیاست نیوز ) آزاد جموں و کشمیر کے وزیر اعظم نے کہا ہے کہ حکومت عوام کے مسائل کے حل کے لیے ہر ممکن اقدامات اٹھا رہی ہے ۔ انہوں نے کہا کہ ترقیاتی منصوبوں کی بروقت تکمیل اولین ترجیح ہے اور اس سلسلے میں تمام محکموں کو ہدایات جاری کر دی گئی ہیں ۔ عوامی نمائندوں نے اس موقع پر اظہار خیال کرتے ہوئے کہا کہ علاقے میں سڑکوں ، تعلیم اور صحت کی سہولیات کی فراہمی کے لیے فنڈز مختص کیے
اشتہار 22
سیاست
مظفرآباد ( سیاست نیوز ) آزاد جموں و کشمیر کے وزیر اعظم نے کہا ہے کہ حکومت عوام کے مسائل کے حل کے لیے ہر ممکن اقدامات اٹھا رہی ہے ۔ انہوں نے کہا کہ ترقیاتی منصوبوں کی بروقت تکمیل اولین ترجیح ہے اور اس سلسلے میں تمام محکموں کو ہدایات جاری کر دی گئی ہیں ۔ عوامی نمائندوں نے اس موقع پر اظہار خیال کرتے ہوئے کہا کہ علاقے میں سڑکوں ، تعلیم اور صحت کی سہولیات کی فراہمی کے لیے فنڈز مختص کیے جائیں ۔ اجلاس میں متعلقہ افسران نے بریفنگ دی اور مسائل کے حل کی یقین دہانی کرائی ۔ مظفرآباد ( سیاست نیوز ) آزاد جموں و کشمیر کے وزیر اعظم نے کہا ہے کہ حکومت عوام کے مسائل کے حل کے لیے ہر ممکن اقدامات اٹھا رہی ہے ۔ انہوں نے کہا کہ ترقیاتی منصوبوں کی بروقت تکمیل اولین ترجیح ہے اور اس سلسلے میں تمام محکموں کو ہدایات جاری کر دی گئی ہیں ۔ عوامی نمائندوں نے اس موقع پر اظہار خیال کرتے ہوئے کہا کہ علاقے میں سڑکوں ، تعلیم اور صحت کی سہولیات کی فراہمی کے لیے فنڈز مختص کیے
اشتہار 23
سیاست
مظفرآباد ( سیاست نیوز ) آزاد جموں و کشمیر کے وزیر اعظم نے کہا ہے کہ حکومت عوام کے مسائل کے حل کے لیے ہر ممکن اقدامات اٹھا رہی ہے ۔ انہوں نے کہا کہ ترقیاتی منصوبوں کی بروقت
اشتہار 24
سیاست
مظفرآباد ( سیاست نیوز ) آزاد جموں و کشمیر کے وزیر اعظم نے کہا ہے کہ حکومت عوام کے مسائل کے حل کے لیے ہر ممکن اقدامات اٹھا رہی ہے ۔ انہوں نے کہا کہ ترقیاتی منصوبوں کی بروقت تکمیل اولین ترجیح ہے اور اس سلسلے میں تمام محکموں کو ہدایات جاری کر دی گئی ہیں ۔ عوامی نمائندوں نے اس موقع پر اظہار خیال کرتے ہوئے کہا کہ علاقے میں سڑکوں ، تعلیم اور صحت کی سہولیات کی فراہمی کے لیے فنڈز مختص کیے جائیں ۔ اجلاس میں متعلقہ افسران نے بریفنگ دی اور مسائل کے حل کی یقین دہانی کرائی ۔ مظفرآباد ( سیاست نیوز ) آزاد جموں و کشمیر کے وزیر اعظم نے کہا ہے کہ حکومت عوام کے مسائل کے حل کے لیے ہر ممکن اقدامات اٹھا رہی ہے ۔ انہوں نے کہا کہ ترقیاتی منصوبوں کی بروقت تکمیل اولین ترجیح ہے اور اس سلسلے میں تمام محکموں کو ہدایات جاری کر دی گئی ہیں ۔ عوامی نمائندوں نے اس موقع پر اظہار خیال کرتے ہوئے کہا کہ علاقے میں سڑکوں ، تعلیم اور صحت کی سہولیات کی فراہمی کے لیے فنڈز مختص کیے
اشتہار 25
سیاست
مظفرآباد ( سیاست نیوز ) آزاد جموں و کشمیر کے وزیر اعظم نے کہا ہے کہ حکومت عوام کے مسائل کے حل کے لیے ہر ممکن اقدامات اٹھا رہی ہے ۔ انہوں نے کہا کہ ترقیاتی منصوبوں کی بروقت تکمیل اولین ترجیح ہے اور اس سلسلے میں تمام محکموں کو ہدایات جاری کر دی گئی ہیں ۔
اشتہار 26
سیاست
مظفرآباد ( سیاست نیوز ) آزاد جموں و کشمیر کے وزیر اعظم نے کہا ہے کہ حکومت عوام کے مسائل کے حل کے لیے ہر ممکن اقدامات اٹھا رہی ہے ۔ انہوں نے کہا کہ ترقیاتی منصوبوں کی بروقت تکمیل اولین ترجیح ہے اور اس سلسلے میں تمام محکموں کو ہدایات جاری کر دی گئی ہیں ۔ عوامی نمائندوں نے اس موقع پر اظہار خیال کرتے ہوئے کہا کہ علاقے میں سڑکوں ، تعلیم اور صحت کی سہولیات کی فراہمی کے لیے فنڈز مختص کیے جائیں ۔ اجلاس میں متعلقہ افسران نے بریفنگ دی اور مسائل کے حل کی یقین دہانی کرائی ۔ مظفرآباد ( سیاست نیوز ) آزاد جموں و کشمیر کے وزیر اعظم نے کہا ہے کہ حکومت عوام کے مسائل کے حل کے لیے ہر ممکن اقدامات اٹھا رہی ہے ۔ انہوں نے کہا کہ ترقیاتی منصوبوں کی بروقت تکمیل اولین ترجیح ہے اور اس سلسلے میں تمام محکموں کو ہدایات جاری کر دی گئی ہیں ۔ عوامی نمائندوں نے اس موقع پر اظہار خیال کرتے
اشتہار 27
سیاست
مظفرآباد ( سیاست نیوز ) آزاد جموں و کشمیر کے وزیر اعظم نے کہا ہے کہ حکومت عوام کے مسائل کے حل کے لیے ہر ممکن اقدامات اٹھا رہی ہے ۔ انہوں نے کہا کہ ترقیاتی منصوبوں کی بروقت تکمیل اولین ترجیح ہے اور اس سلسلے میں تمام محکموں کو ہدایات جاری کر دی گئی ہیں ۔ عوامی نمائندوں نے اس موقع پر اظہار خیال کرتے ہوئے کہا کہ علاقے میں سڑکوں ، تعلیم اور صحت کی سہولیات کی فراہمی کے لیے فنڈز مختص کیے جائیں ۔ اجلاس میں متعلقہ افسران نے بریفنگ دی
اشتہار 28
سیاست
مظفرآباد ( سیاست نیوز ) آزاد جموں و کشمیر کے وزیر اعظم نے کہا ہے کہ حکومت عوام کے مسائل کے حل کے لیے ہر ممکن اقدامات اٹھا رہی ہے ۔ انہوں نے کہا کہ ترقیاتی منصوبوں کی بروقت تکمیل اولین ترجیح ہے اور اس سلسلے میں تمام محکموں کو ہدایات جاری کر دی گئی ہیں ۔ عوامی نمائندوں نے اس موقع پر اظہار خیال کرتے ہوئے کہا کہ علاقے میں سڑکوں ، تعلیم اور صحت کی سہولیات کی فراہمی کے لیے فنڈز مختص کیے جائیں ۔ اجلاس میں متعلقہ افسران نے بریفنگ دی اور مسائل کے حل کی یقین دہانی کرائی ۔ مظفرآباد ( سیاست نیوز ) آزاد جموں و کشمیر کے وزیر اعظم نے کہا ہے کہ حکومت عوام کے مسائل کے حل کے لیے ہر ممکن اقدامات اٹھا رہی ہے ۔ انہوں نے کہا کہ ترقیاتی منصوبوں کی بروقت تکمیل اولین ترجیح ہے اور اس سلسلے میں تمام محکموں کو ہدایات جاری کر دی گئی ہیں ۔ عوامی نمائندوں نے اس موقع پر اظہار خیال کرتے
اشتہار 29
سیاست
مظفرآباد ( سیاست نیوز ) آزاد جموں و کشمیر کے وزیر اعظم نے کہا ہے کہ حکومت عوام کے مسائل کے حل کے لیے ہر ممکن اقدامات اٹھا رہی ہے ۔ انہوں نے کہا کہ ترقیاتی منصوبوں کی بروقت تکمیل اولین ترجیح ہے اور اس سلسلے میں تمام محکموں کو ہدایات جاری کر دی گئی ہیں ۔ عوامی نمائندوں نے اس موقع پر اظہار خیال کرتے ہوئے کہا کہ علاقے میں سڑکوں ، تعلیم اور صحت کی سہولیات کی فراہمی کے لیے فنڈز مختص کیے جائیں ۔ اجلاس میں متعلقہ افسران نے بریفنگ دی اور مسائل کے حل کی یقین دہانی کرائی ۔ مظفرآباد ( سیاست نیوز ) آزاد جموں و کشمیر کے وزیر اعظم نے کہا ہے کہ حکومت عوام کے مسائل کے حل کے لیے ہر ممکن اقدامات اٹھا رہی ہے ۔ انہوں نے کہا کہ ترقیاتی منصوبوں کی بروقت تکمیل اولین ترجیح ہے اور اس سلسلے میں تمام محکموں کو ہدایات جاری کر دی گئی ہیں ۔ عوامی نمائندوں نے اس موقع پر اظہار خیال کرتے ہوئے کہا کہ علاقے میں سڑکوں ، تعلیم اور صحت کی سہولیات کی فراہمی کے لیے فنڈز مختص کیے جائیں ۔ اجلاس میں متعلقہ افسران نے بریفنگ دی اور مسائل کے حل کی یقین دہانی کرائی ۔ مظفرآباد ( سیاست نیوز ) آزاد جموں و کشمیر کے وزیر اعظم نے کہا ہے کہ حکومت عوام کے مسائل کے حل کے لیے ہر ممکن اقدامات اٹھا رہی ہے ۔ انہوں نے کہا کہ ترقیاتی منصوبوں کی بروقت تکمیل اولین ترجیح ہے اور اس سلسلے میں تمام محکموں کو ہدایات جاری کر دی گئی ہیں ۔ عوامی نمائندوں نے اس موقع پر اظہار خیال کرتے ہوئے کہا کہ علاقے میں سڑکوں ، تعلیم اور صحت کی سہولیات کی فراہمی کے لیے فنڈز مختص کیے جائیں ۔ اجلاس میں متعلقہ افسران نے بریفنگ دی اور مسائل کے حل کی یقین دہانی کرائی ۔ مظفرآباد ( سیاست نیوز ) آزاد جموں و کشمیر کے وزیر اعظم نے کہا ہے کہ حکومت عوام کے مسائل کے حل کے لیے ہر ممکن اقدامات اٹھا رہی ہے ۔ انہوں نے کہا کہ ترقیاتی منصوبوں کی بروقت تکمیل اولین ترجیح ہے اور اس سلسلے میں تمام محکموں کو ہدایات جاری کر دی گئی ہیں ۔ عوامی نمائندوں نے اس موقع پر اظہار خیال کرتے ہوئے کہا کہ علاقے میں سڑکوں ، تعلیم اور صحت کی سہولیات کی فراہمی کے لیے فنڈز مختص کیے جائیں ۔ اجلاس میں متعلقہ افسران نے بریفنگ دی اور مسائل کے حل کی یقین دہانی کرائی ۔
اشتہار 30
سیاست
مظفرآباد ( سیاست نیوز ) آزاد جموں و کشمیر کے وزیر اعظم نے کہا ہے کہ حکومت عوام کے مسائل
اشتہار 31
سیاست
مظفرآباد ( سیاست نیوز ) آزاد جموں و کشمیر کے وزیر اعظم نے کہا ہے کہ حکومت عوام کے مسائل کے حل کے لیے ہر ممکن اقدامات اٹھا رہی ہے ۔ انہوں نے کہا کہ ترقیاتی منصوبوں کی بروقت تکمیل اولین ترجیح ہے اور اس سلسلے میں تمام محکموں کو ہدایات جاری کر دی گئی ہیں ۔ عوامی نمائندوں نے اس موقع پر اظہار خیال کرتے ہوئے کہا کہ علاقے میں سڑکوں ، تعلیم اور صحت کی سہولیات کی فراہمی کے لیے فنڈز مختص کیے جائیں ۔ اجلاس میں متعلقہ افسران نے بریفنگ دی اور مسائل کے حل کی یقین دہانی کرائی ۔ مظفرآباد ( سیاست نیوز ) آزاد جموں و کشمیر کے وزیر اعظم نے کہا ہے کہ حکومت عوام کے مسائل کے حل کے لیے ہر ممکن اقدامات اٹھا رہی ہے ۔ انہوں نے کہا کہ ترقیاتی منصوبوں کی بروقت تکمیل اولین ترجیح ہے اور اس سلسلے میں تمام محکموں کو ہدایات جاری کر دی گئی ہیں ۔ عوامی نمائندوں نے اس موقع پر اظہار خیال کرتے ہوئے کہا کہ علاقے میں سڑکوں ، تعلیم اور صحت کی سہولیات کی فراہمی کے لیے فنڈز مختص کیے جائیں ۔ اجلاس میں متعلقہ افسران نے بریفنگ دی اور مسائل کے حل کی یقین دہانی کرائی ۔
اشتہار 32
سیاست
مظفرآباد ( سیاست نیوز ) آزاد جموں و کشمیر کے وزیر اعظم نے کہا ہے کہ حکومت عوام کے مسائل کے حل کے لیے ہر ممکن اقدامات اٹھا رہی ہے ۔ انہوں نے کہا کہ ترقیاتی منصوبوں کی بروقت تکمیل اولین ترجیح ہے اور اس سلسلے میں تمام محکموں کو ہدایات جاری کر دی گئی ہیں ۔ عوامی نمائندوں نے اس موقع پر اظہار خیال کرتے ہوئے کہا کہ علاقے میں سڑکوں ، تعلیم اور صحت کی سہولیات کی فراہمی کے لیے فنڈز مختص کیے جائیں ۔ اجلاس میں متعلقہ افسران نے بریفنگ دی
اشتہار 32
سیاست
مظفرآباد ( سیاست نیوز ) آزاد جموں و کشمیر کے وزیر اعظم نے کہا ہے کہ حکومت عوام کے مسائل کے حل کے لیے ہر ممکن اقدامات اٹھا رہی ہے ۔ انہوں نے کہا کہ ترقیاتی منصوبوں کی بروقت تکمیل اولین ترجیح ہے اور اس سلسلے میں تمام محکموں کو ہدایات جاری کر دی گئی ہیں ۔ عوامی نمائندوں نے اس موقع پر اظہار خیال کرتے ہوئے کہا کہ علاقے میں سڑکوں ، تعلیم اور صحت کی سہولیات کی فراہمی کے لیے فنڈز مختص کیے جائیں ۔ اجلاس میں متعلقہ افسران نے بریفنگ دی
اشتہار 33
سیاست
مظفرآباد ( سیاست نیوز ) آزاد جموں و کشمیر کے وزیر اعظم نے کہا ہے کہ حکومت عوام کے مسائل کے حل کے لیے ہر ممکن اقدامات اٹھا رہی ہے ۔ انہوں نے کہا کہ ترقیاتی منصوبوں کی بروقت
اشتہار 34
سیاست
مظفرآباد ( سیاست نیوز ) آزاد جموں و کشمیر کے وزیر اعظم نے کہا ہے کہ حکومت عوام کے مسائل کے حل کے لیے ہر ممکن اقدامات اٹھا رہی ہے ۔ انہوں نے کہا کہ ترقیاتی منصوبوں کی بروقت
اشتہار 35
سیاست
مظفرآباد ( سیاست نیوز ) آزاد جموں و کشمیر کے وزیر اعظم نے کہا ہے کہ حکومت عوام کے مسائل کے حل کے لیے ہر ممکن اقدامات اٹھا رہی ہے ۔ انہوں نے کہا کہ ترقیاتی منصوبوں کی بروقت تکمیل اولین ترجیح ہے اور اس سلسلے میں تمام محکموں کو ہدایات جاری کر دی گئی ہیں ۔ عوامی نمائندوں نے اس موقع پر اظہار خیال کرتے ہوئے کہا کہ علاقے میں سڑکوں ، تعلیم اور صحت کی سہولیات کی فراہمی کے لیے فنڈز مختص کیے جائیں ۔ اجلاس میں متعلقہ افسران نے بریفنگ دی اور مسائل کے حل کی یقین دہانی کرائی ۔ مظفرآباد ( سیاست نیوز ) آزاد جموں و کشمیر کے وزیر اعظم نے کہا ہے کہ حکومت عوام کے مسائل کے حل کے لیے ہر ممکن اقدامات اٹھا رہی ہے ۔ انہوں نے کہا کہ ترقیاتی منصوبوں کی بروقت تکمیل اولین ترجیح ہے اور اس سلسلے میں تمام محکموں کو ہدایات جاری کر دی گئی ہیں ۔ عوامی نمائندوں نے اس موقع پر اظہار خیال کرتے
اشتہار 36
سیاست
مظفرآباد ( سیاست نیوز ) آزاد جموں و کشمیر کے وزیر اعظم نے کہا ہے کہ حکومت عوام کے مسائل
اشتہار 37
سیاست
مظفرآباد ( سیاست نیوز ) آزاد جموں و کشمیر کے وزیر اعظم نے کہا ہے کہ حکومت عوام کے مسائل
اشتہار 38
سیاست
مظفرآباد ( سیاست نیوز ) آزاد جموں و کشمیر کے وزیر اعظم نے کہا ہے کہ حکومت عوام کے مسائل کے حل کے لیے ہر ممکن اقدامات اٹھا رہی ہے ۔ انہوں نے کہا کہ ترقیاتی منصوبوں کی بروقت
اشتہار 39
سیاست
مظفرآباد ( سیاست نیوز ) آزاد جموں و کشمیر کے وزیر اعظم نے کہا ہے کہ حکومت عوام کے مسائل کے حل کے لیے ہر ممکن اقدامات اٹھا رہی ہے ۔ انہوں نے کہا کہ ترقیاتی منصوبوں کی بروقت تکمیل اولین ترجیح ہے اور اس سلسلے میں تمام محکموں کو ہدایات جاری کر دی گئی ہیں ۔ عوامی نمائندوں نے اس موقع پر اظہار خیال کرتے ہوئے کہا کہ علاقے میں سڑکوں ، تعلیم اور صحت کی سہولیات کی فراہمی کے لیے فنڈز مختص کیے جائیں ۔ اجلاس میں متعلقہ افسران نے بریفنگ دی اور مسائل کے حل کی یقین دہانی کرائی ۔ مظفرآباد ( سیاست نیوز ) آزاد جموں و کشمیر کے وزیر اعظم نے کہا ہے کہ حکومت عوام کے مسائل کے حل کے لیے ہر ممکن اقدامات اٹھا رہی ہے ۔ انہوں نے کہا کہ ترقیاتی منصوبوں کی بروقت تکمیل اولین ترجیح ہے اور اس سلسلے میں تمام محکموں کو ہدایات جاری کر دی گئی ہیں ۔ عوامی نمائندوں نے اس موقع پر اظہار خیال کرتے ہوئے کہا کہ علاقے میں سڑکوں ، تعلیم اور صحت کی سہولیات کی فراہمی کے لیے فنڈز مختص کیے
اشتہار 40
سیاست
مظفرآباد ( سیاست نیوز ) آزاد جموں و کشمیر کے وزیر اعظم نے کہا ہے کہ حکومت عوام کے مسائل کے حل کے لیے ہر ممکن اقدامات اٹھا رہی ہے ۔ انہوں نے کہا کہ ترقیاتی منصوبوں کی بروقت تکمیل اولین ترجیح ہے اور اس سلسلے میں تمام محکموں کو ہدایات جاری کر دی گئی ہیں ۔ عوامی نمائندوں نے اس موقع پر اظہار خیال کرتے ہوئے کہا کہ علاقے میں سڑکوں ، تعلیم اور صحت
اشتہار 41
سیاست
مظفرآباد ( سیاست نیوز ) آزاد جموں و کشمیر کے وزیر اعظم نے کہا ہے کہ حکومت عوام کے مسائل کے حل کے لیے ہر ممکن اقدامات اٹھا رہی ہے ۔ انہوں نے کہا کہ ترقیاتی منصوبوں کی بروقت تکمیل اولین ترجیح ہے اور اس سلسلے میں تمام محکموں کو ہدایات جاری کر دی گئی ہیں ۔ عوامی نمائندوں نے اس موقع پر اظہار خیال کرتے ہوئے کہا کہ علاقے میں سڑکوں ، تعلیم اور صحت
اشتہار 42
سیاست
مظفرآباد ( سیاست نیوز ) آزاد جموں و کشمیر کے وزیر اعظم نے کہا ہے کہ حکومت عوام کے مسائل کے حل کے لیے ہر ممکن اقدامات اٹھا رہی ہے ۔ انہوں نے کہا کہ ترقیاتی منصوبوں کی بروقت تکمیل اولین ترجیح ہے اور اس سلسلے میں تمام محکموں کو ہدایات جاری کر دی گئی ہیں ۔
اشتہار 43
سیاست
مظفرآباد ( سیاست نیوز ) آزاد جموں و کشمیر کے وزیر اعظم نے کہا ہے کہ حکومت عوام کے مسائل کے حل کے لیے ہر ممکن اقدامات اٹھا رہی ہے ۔ انہوں نے کہا کہ ترقیاتی منصوبوں کی بروقت تکمیل اولین ترجیح ہے اور اس سلسلے میں تمام محکموں کو ہدایات جاری کر دی گئی ہیں ۔ عوامی نمائندوں نے اس موقع پر اظہار خیال کرتے ہوئے کہا کہ علاقے میں سڑکوں ، تعلیم اور صحت
اشتہار 44
سیاست
مظفرآباد ( سیاست نیوز ) آزاد جموں و کشمیر کے وزیر اعظم نے کہا ہے کہ حکومت عوام کے مسائل کے حل کے لیے ہر ممکن اقدامات اٹھا رہی ہے ۔ انہوں نے کہا کہ ترقیاتی منصوبوں کی بروقت تکمیل اولین ترجیح ہے اور اس سلسلے میں تمام محکموں کو ہدایات جاری کر دی گئی ہیں ۔ عوامی نمائندوں نے اس موقع پر اظہار خیال کرتے ہوئے کہا کہ علاقے میں سڑکوں ، تعلیم اور صحت کی سہولیات کی فراہمی کے لیے فنڈز مختص کیے جائیں ۔ اجلاس میں متعلقہ افسران نے بریفنگ دی اور مسائل کے حل کی یقین دہانی کرائی ۔ مظفرآباد ( سیاست نیوز ) آزاد جموں و کشمیر کے وزیر اعظم نے کہا ہے کہ حکومت عوام کے مسائل کے حل کے لیے ہر ممکن اقدامات اٹھا رہی ہے ۔ انہوں نے کہا کہ ترقیاتی منصوبوں کی بروقت تکمیل اولین ترجیح ہے اور اس سلسلے میں تمام محکموں کو ہدایات جاری کر دی گئی ہیں ۔ عوامی نمائندوں نے اس موقع پر اظہار خیال کرتے ہوئے کہا کہ علاقے میں سڑکوں ، تعلیم اور صحت کی سہولیات کی فراہمی کے لیے فنڈز مختص کیے
اشتہار 45
سیاست
مظفرآباد ( سیاست نیوز ) آزاد جموں و کشمیر کے وزیر اعظم نے کہا ہے کہ حکومت عوام کے مسائل کے حل کے لیے ہر ممکن اقدامات اٹھا رہی ہے ۔ انہوں نے کہا کہ ترقیاتی منصوبوں کی بروقت تکمیل اولین ترجیح ہے اور اس سلسلے میں تمام محکموں کو ہدایات جاری کر دی گئی ہیں ۔
اشتہار 46
سیاست
مظفرآباد ( سیاست نیوز ) آزاد جموں و کشمیر کے وزیر اعظم نے کہا ہے کہ حکومت عوام کے مسائل کے حل کے لیے ہر ممکن اقدامات اٹھا رہی ہے ۔ انہوں نے کہا کہ ترقیاتی منصوبوں کی بروقت تکمیل اولین ترجیح ہے اور اس سلسلے میں تمام محکموں کو ہدایات جاری کر دی گئی ہیں ۔ عوامی نمائندوں نے اس موقع پر اظہار خیال کرتے ہوئے کہا کہ علاقے میں سڑکوں ، تعلیم اور صحت
اشتہار 47
سیاست
مظفرآباد ( سیاست نیوز ) آزاد جموں و کشمیر کے وزیر اعظم نے کہا ہے کہ حکومت عوام کے مسائل کے حل کے لیے ہر ممکن اقدامات اٹھا رہی ہے ۔ انہوں نے کہا کہ ترقیاتی منصوبوں کی بروقت تکمیل اولین ترجیح ہے اور اس سلسلے میں تمام محکموں کو ہدایات جاری کر دی گئی ہیں ۔ عوامی نمائندوں نے اس موقع پر اظہار خیال کرتے ہوئے کہا کہ علاقے میں سڑکوں ، تعلیم اور صحت کی سہولیات کی فراہمی کے لیے فنڈز مختص کیے جائیں ۔ اجلاس میں متعلقہ افسران نے بریفنگ دی اور مسائل کے حل کی یقین دہانی کرائی ۔ مظفرآباد ( سیاست نیوز ) آزاد جموں و کشمیر کے وزیر اعظم نے کہا ہے کہ حکومت عوام کے مسائل کے حل کے لیے ہر ممکن اقدامات اٹھا رہی ہے ۔ انہوں نے کہا کہ ترقیاتی منصوبوں کی بروقت تکمیل اولین ترجیح ہے اور اس سلسلے میں تمام محکموں کو ہدایات جاری کر دی گئی ہیں ۔ عوامی نمائندوں نے اس موقع پر اظہار خیال کرتے ہوئے کہا کہ علاقے میں سڑکوں ، تعلیم اور صحت کی سہولیات کی فراہمی کے لیے فنڈز مختص کیے جائیں ۔ اجلاس میں متعلقہ افسران نے بریفنگ دی اور مسائل کے حل کی یقین دہانی کرائی ۔ مظفرآباد ( سیاست نیوز ) آزاد جموں و کشمیر کے وزیر اعظم نے کہا ہے کہ حکومت عوام کے مسائل کے حل کے لیے ہر ممکن اقدامات اٹھا رہی ہے ۔ انہوں نے کہا کہ ترقیاتی منصوبوں کی بروقت تکمیل اولین ترجیح ہے اور اس سلسلے میں تمام محکموں کو ہدایات جاری کر دی گئی ہیں ۔
اشتہار 48
سیاست
مظفرآباد ( سیاست نیوز ) آزاد جموں و کشمیر کے وزیر اعظم نے کہا ہے کہ حکومت عوام کے مسائل کے حل کے لیے ہر ممکن اقدامات اٹھا رہی ہے ۔ انہوں نے کہا کہ ترقیاتی منصوبوں کی بروقت
اشتہار 49
سیاست
مظفرآباد ( سیاست نیوز ) آزاد جموں و کشمیر کے وزیر اعظم نے کہا ہے کہ حکومت عوام کے مسائل کے حل کے لیے ہر ممکن اقدامات اٹھا رہی ہے ۔ انہوں نے کہا کہ ترقیاتی منصوبوں کی بروقت تکمیل اولین ترجیح ہے اور اس سلسلے میں تمام محکموں کو ہدایات جاری کر دی گئی ہیں ۔
اشتہار 50
سیاست
مظفرآباد ( سیاست نیوز ) آزاد جموں و کشمیر کے وزیر اعظم نے کہا ہے کہ حکومت عوام کے مسائل
اشتہار 51
سیاست
مظفرآباد ( سیاست نیوز ) آزاد جموں و کشمیر کے وزیر اعظم نے کہا ہے کہ حکومت عوام کے مسائل کے حل کے لیے ہر ممکن اقدامات اٹھا رہی ہے ۔ انہوں نے کہا کہ ترقیاتی منصوبوں کی بروقت
اشتہار 52
سیاست
مظفرآباد ( سیاست نیوز ) آزاد جموں و کشمیر کے وزیر اعظم نے کہا ہے کہ حکومت عوام کے مسائل کے حل کے لیے ہر ممکن اقدامات اٹھا رہی ہے ۔ انہوں نے کہا کہ ترقیاتی منصوبوں کی بروقت تکمیل اولین ترجیح ہے اور اس سلسلے میں تمام محکموں کو ہدایات جاری کر دی گئی ہیں ۔ عوامی نمائندوں نے اس موقع پر اظہار خیال کرتے ہوئے کہا کہ علاقے میں سڑکوں ، تعلیم اور صحت کی سہولیات کی فراہمی کے لیے فنڈز مختص کیے جائیں ۔ اجلاس میں متعلقہ افسران نے بریفنگ دی اور مسائل کے حل کی یقین دہانی کرائی ۔ مظفرآباد ( سیاست نیوز ) آزاد جموں و کشمیر کے وزیر اعظم نے کہا ہے کہ حکومت عوام کے مسائل کے حل کے لیے ہر ممکن اقدامات اٹھا رہی ہے ۔ انہوں نے کہا کہ ترقیاتی منصوبوں کی بروقت تکمیل اولین ترجیح ہے اور اس سلسلے میں تمام محکموں کو ہدایات جاری کر دی گئی ہیں ۔ عوامی نمائندوں نے اس موقع پر اظہار خیال کرتے ہوئے کہا کہ علاقے میں سڑکوں ، تعلیم اور صحت کی سہولیات کی فراہمی کے لیے فنڈز مختص کیے
اشتہار 53
سیاست
مظفرآباد ( سیاست نیوز ) آزاد جموں و کشمیر کے وزیر اعظم نے کہا ہے کہ حکومت عوام کے مسائل کے حل کے لیے ہر ممکن اقدامات اٹھا رہی ہے ۔ انہوں نے کہا کہ ترقیاتی منصوبوں کی بروقت تکمیل اولین ترجیح ہے اور اس سلسلے میں تمام محکموں کو ہدایات جاری کر دی گئی ہیں ۔ عوامی نمائندوں نے اس موقع پر اظہار خیال کرتے ہوئے کہا کہ علاقے میں سڑکوں ، تعلیم اور صحت
اشتہار 54
سیاست
مظفرآباد ( سیاست نیوز ) آزاد جموں و کشمیر کے وزیر اعظم نے کہا ہے کہ حکومت عوام کے مسائل کے حل کے لیے ہر ممکن اقدامات اٹھا رہی ہے ۔ انہوں نے کہا کہ ترقیاتی منصوبوں کی بروقت تکمیل اولین ترجیح ہے اور اس سلسلے میں تمام محکموں کو ہدایات جاری کر دی گئی ہیں ۔ عوامی نمائندوں نے اس موقع پر اظہار خیال کرتے ہوئے کہا کہ علاقے میں سڑکوں ، تعلیم اور صحت کی سہولیات کی فراہمی کے لیے فنڈز مختص کیے جائیں ۔ اجلاس میں متعلقہ افسران نے بریفنگ دی اور مسائل کے حل کی یقین دہانی کرائی ۔ مظفرآباد ( سیاست نیوز ) آزاد جموں و کشمیر کے وزیر اعظم نے کہا ہے کہ حکومت عوام کے مسائل کے حل کے لیے ہر ممکن اقدامات اٹھا رہی ہے ۔ انہوں نے کہا کہ ترقیاتی منصوبوں کی بروقت تکمیل اولین ترجیح ہے اور اس سلسلے میں تمام محکموں کو ہدایات جاری کر دی گئی ہیں ۔ عوامی نمائندوں نے اس موقع پر اظہار خیال کرتے ہوئے کہا کہ علاقے میں سڑکوں ، تعلیم اور صحت کی سہولیات کی فراہمی کے لیے فنڈز مختص کیے
اشتہار 55
سیاست
مظفرآباد ( سیاست نیوز ) آزاد جموں و کشمیر کے وزیر اعظم نے کہا ہے کہ حکومت عوام کے مسائل کے حل کے لیے ہر ممکن اقدامات اٹھا رہی ہے ۔ انہوں نے کہا کہ ترقیاتی منصوبوں کی بروقت
اشتہار 56
سیاست
مظفرآباد ( سیاست نیوز ) آزاد جموں و کشمیر کے وزیر اعظم نے کہا ہے کہ حکومت عوام کے مسائل کے حل کے لیے ہر ممکن اقدامات اٹھا رہی ہے ۔ انہوں نے کہا کہ ترقیاتی منصوبوں کی بروقت تکمیل اولین ترجیح ہے اور اس سلسلے میں تمام محکموں کو ہدایات جاری کر دی گئی ہیں ۔
اشتہار 57
سیاست
مظفرآباد ( سیاست نیوز ) آزاد جموں و کشمیر کے وزیر اعظم نے کہا ہے کہ حکومت عوام کے مسائل کے حل کے لیے ہر ممکن اقدامات اٹھا رہی ہے ۔ انہوں نے کہا کہ ترقیاتی منصوبوں کی بروقت تکمیل اولین ترجیح ہے اور اس سلسلے میں تمام محکموں کو ہدایات جاری کر دی گئی ہیں ۔
اشتہار 58
سیاست
مظفرآباد ( سیاست نیوز ) آزاد جموں و کشمیر کے وزیر اعظم نے کہا ہے کہ حکومت عوام کے مسائل کے حل کے لیے ہر ممکن اقدامات اٹھا رہی ہے ۔ انہوں نے کہا کہ ترقیاتی منصوبوں کی بروقت تکمیل اولین ترجیح ہے اور اس سلسلے میں تمام محکموں کو ہدایات جاری کر دی گئی ہیں ۔ عوامی نمائندوں نے اس موقع پر اظہار خیال کرتے ہوئے کہا کہ علاقے میں سڑکوں ، تعلیم اور صحت کی سہولیات کی فراہمی کے لیے فنڈز مختص کیے جائیں ۔ اجلاس میں متعلقہ افسران نے بریفنگ دی اور مسائل کے حل کی یقین دہانی کرائی ۔ مظفرآباد ( سیاست نیوز ) آزاد جموں و کشمیر کے وزیر اعظم نے کہا ہے کہ حکومت عوام کے مسائل کے حل کے لیے ہر ممکن اقدامات اٹھا رہی ہے ۔
اشتہار 59
سیاست
مظفرآباد ( سیاست نیوز ) آزاد جموں و کشمیر کے وزیر اعظم نے کہا ہے کہ حکومت عوام کے مسائل کے حل کے لیے ہر ممکن اقدامات اٹھا رہی ہے ۔ انہوں نے کہا کہ ترقیاتی منصوبوں کی بروقت تکمیل اولین ترجیح ہے اور اس سلسلے میں تمام محکموں کو ہدایات جاری کر دی گئی ہیں ۔ عوامی نمائندوں نے اس موقع پر اظہار خیال کرتے ہوئے کہا کہ علاقے میں سڑکوں ، تعلیم اور صحت کی سہولیات کی فراہمی کے لیے فنڈز مختص کیے جائیں ۔ اجلاس میں متعلقہ افسران نے بریفنگ دی اور مسائل کے حل کی یقین دہانی کرائی ۔ مظفرآباد ( سیاست نیوز ) آزاد جموں و کشمیر کے
اشتہار 60
سیاست
مظفرآباد ( سیاست نیوز ) آزاد جموں و کشمیر کے وزیر اعظم نے کہا ہے کہ حکومت عوام کے مسائل کے حل کے لیے ہر ممکن اقدامات اٹھا رہی ہے ۔ انہوں نے کہا کہ ترقیاتی منصوبوں کی بروقت تکمیل اولین ترجیح ہے اور اس سلسلے میں تمام محکموں کو ہدایات جاری کر دی گئی ہیں ۔ عوامی نمائندوں نے اس موقع پر اظہار خیال کرتے ہوئے کہا کہ علاقے میں سڑکوں ، تعلیم اور صحت کی سہولیات کی فراہمی کے لیے فنڈز مختص کیے جائیں ۔ اجلاس میں متعلقہ افسران نے بریفنگ دی اور مسائل کے حل کی یقین دہانی کرائی ۔ مظفرآباد ( سیاست نیوز ) آزاد جموں و کشمیر کے وزیر اعظم نے کہا ہے کہ حکومت عوام کے مسائل کے حل کے لیے ہر ممکن اقدامات اٹھا رہی ہے ۔
اشتہار 61
سیاست
مظفرآباد ( سیاست نیوز ) آزاد جموں و کشمیر کے وزیر اعظم نے کہا ہے کہ حکومت عوام کے مسائل کے حل کے لیے ہر ممکن اقدامات اٹھا رہی ہے ۔ انہوں نے کہا کہ ترقیاتی منصوبوں کی بروقت تکمیل اولین ترجیح ہے اور اس سلسلے میں تمام محکموں کو ہدایات جاری کر دی گئی ہیں ۔ عوامی نمائندوں نے اس موقع پر اظہار خیال کرتے ہوئے کہا کہ علاقے میں سڑکوں ، تعلیم اور صحت کی سہولیات کی فراہمی کے لیے فنڈز مختص کیے جائیں ۔ اجلاس میں متعلقہ افسران نے بریفنگ دی اور مسائل کے حل کی یقین دہانی کرائی ۔ مظفرآباد ( سیاست نیوز ) آزاد جموں و کشمیر کے وزیر اعظم نے کہا ہے کہ حکومت عوام کے مسائل کے حل کے لیے ہر ممکن اقدامات اٹھا رہی ہے ۔
اشتہار 62
سیاست
مظفرآباد ( سیاست نیوز ) آزاد جموں و کشمیر کے وزیر اعظم نے کہا ہے کہ حکومت عوام کے مسائل کے حل کے لیے ہر ممکن اقدامات اٹھا رہی ہے ۔ انہوں نے کہا کہ ترقیاتی منصوبوں کی بروقت تکمیل اولین ترجیح ہے اور اس سلسلے میں تمام محکموں کو ہدایات جاری کر دی گئی ہیں ۔ عوامی نمائندوں نے اس موقع پر اظہار خیال کرتے ہوئے کہا کہ علاقے میں سڑکوں ، تعلیم اور صحت
اشتہار 63
سیاست
مظفرآباد ( سیاست نیوز ) آزاد جموں و کشمیر کے وزیر اعظم نے کہا ہے کہ حکومت عوام کے مسائل کے حل کے لیے ہر ممکن اقدامات اٹھا رہی ہے ۔ انہوں نے کہا کہ ترقیاتی منصوبوں کی بروقت
اشتہار 64
سیاست
مظفرآباد ( سیاست نیوز ) آزاد جموں و کشمیر کے وزیر اعظم نے کہا ہے کہ حکومت عوام کے مسائل کے حل کے لیے ہر ممکن اقدامات اٹھا رہی ہے ۔ انہوں نے کہا کہ ترقیاتی منصوبوں کی بروقت تکمیل اولین ترجیح ہے اور اس سلسلے میں تمام محکموں کو ہدایات جاری کر دی گئی ہیں ۔ عوامی نمائندوں نے اس موقع پر اظہار خیال کرتے ہوئے کہا کہ علاقے میں سڑکوں ، تعلیم اور صحت کی سہولیات کی فراہمی کے لیے فنڈز مختص کیے جائیں ۔ اجلاس میں متعلقہ افسران نے بریفنگ دی اور مسائل کے حل کی یقین دہانی کرائی ۔ مظفرآباد ( سیاست نیوز ) آزاد جموں و کشمیر کے وزیر اعظم نے کہا ہے کہ حکومت عوام کے مسائل کے حل کے لیے ہر ممکن اقدامات اٹھا رہی ہے ۔ انہوں نے کہا کہ ترقیاتی منصوبوں کی بروقت تکمیل اولین ترجیح ہے اور اس سلسلے میں تمام محکموں کو ہدایات جاری کر دی گئی ہیں ۔ عوامی نمائندوں نے اس موقع پر اظہار خیال کرتے ہوئے کہا کہ علاقے میں سڑکوں ، تعلیم اور صحت کی سہولیات کی فراہمی کے لیے فنڈز مختص کیے
اشتہار 65
سیاست
مظفرآباد ( سیاست نیوز ) آزاد جموں و کشمیر کے وزیر اعظم نے کہا ہے کہ حکومت عوام کے مسائل کے حل کے لیے ہر ممکن اقدامات اٹھا رہی ہے ۔ انہوں نے کہا کہ ترقیاتی منصوبوں کی بروقت
اشتہار 66
سیاست
مظفرآباد ( سیاست نیوز ) آزاد جموں و کشمیر کے وزیر اعظم نے کہا ہے کہ حکومت عوام کے مسائل کے حل کے لیے ہر ممکن اقدامات اٹھا رہی ہے ۔ انہوں نے کہا کہ ترقیاتی منصوبوں کی بروقت تکمیل اولین ترجیح ہے اور اس سلسلے میں تمام محکموں کو ہدایات جاری کر دی گئی ہیں ۔ عوامی نمائندوں نے اس موقع پر اظہار خیال کرتے ہوئے کہا کہ علاقے میں سڑکوں ، تعلیم اور صحت کی سہولیات کی فراہمی کے لیے فنڈز مختص کیے جائیں ۔ اجلاس میں متعلقہ افسران نے بریفنگ دی اور مسائل کے حل کی یقین دہانی کرائی ۔ مظفرآباد ( سیاست نیوز ) آزاد جموں و کشمیر کے وزیر اعظم نے کہا ہے کہ حکومت عوام کے مسائل کے حل کے لیے ہر ممکن اقدامات اٹھا رہی ہے ۔ انہوں نے کہا کہ ترقیاتی منصوبوں کی بروقت تکمیل اولین ترجیح ہے اور اس سلسلے میں تمام
اشتہار 67
سیاست
مظفرآباد ( سیاست نیوز ) آزاد جموں و کشمیر کے وزیر اعظم نے کہا ہے کہ حکومت عوام کے مسائل کے حل کے لیے ہر ممکن اقدامات اٹھا رہی ہے ۔ انہوں نے کہا کہ ترقیاتی منصوبوں کی بروقت تکمیل اولین ترجیح ہے اور اس سلسلے میں تمام محکموں کو ہدایات جاری کر دی گئی ہیں ۔ عوامی نمائندوں نے اس موقع پر اظہار خیال کرتے ہوئے کہا کہ علاقے میں سڑکوں ، تعلیم اور صحت کی سہولیات کی فراہمی کے لیے فنڈز مختص کیے جائیں ۔ اجلاس میں متعلقہ افسران نے بریفنگ دی اور مسائل کے حل کی یقین دہانی کرائی ۔ مظفرآباد ( سیاست نیوز ) آزاد جموں و کشمیر کے
اشتہار 68
سیاست
مظفرآباد ( سیاست نیوز ) آزاد جموں و کشمیر کے وزیر اعظم نے کہا ہے کہ حکومت عوام کے مسائل کے حل کے لیے ہر ممکن اقدامات اٹھا رہی ہے ۔ انہوں نے کہا کہ ترقیاتی منصوبوں کی بروقت تکمیل اولین ترجیح ہے اور اس سلسلے میں تمام محکموں کو ہدایات جاری کر دی گئی ہیں ۔ عوامی نمائندوں نے اس موقع پر اظہار خیال کرتے ہوئے کہا کہ علاقے میں سڑکوں ، تعلیم اور صحت
اشتہار 69
سیاست
مظفرآباد ( سیاست نیوز ) آزاد جموں و کشمیر کے وزیر اعظم نے کہا ہے کہ حکومت عوام کے مسائل کے حل کے لیے ہر ممکن اقدامات اٹھا رہی ہے ۔ انہوں نے کہا کہ ترقیاتی منصوبوں کی بروقت
اشتہار 70
سیاست
مظفرآباد ( سیاست نیوز ) آزاد جموں و کشمیر کے وزیر اعظم نے کہا ہے کہ حکومت عوام کے مسائل کے حل کے لیے ہر ممکن اقدامات اٹھا رہی ہے ۔ انہوں نے کہا کہ ترقیاتی منصوبوں کی بروقت تکمیل اولین ترجیح ہے اور اس سلسلے میں تمام محکموں کو ہدایات جاری کر دی گئی ہیں ۔ عوامی نمائندوں نے اس موقع پر اظہار خیال کرتے ہوئے کہا کہ علاقے میں سڑکوں ، تعلیم اور صحت کی سہولیات کی فراہمی کے لیے فنڈز مختص کیے جائیں ۔ اجلاس میں متعلقہ افسران نے بریفنگ دی
اشتہار 71
سیاست
مظفرآباد ( سیاست نیوز ) آزاد جموں و کشمیر کے وزیر اعظم نے کہا ہے کہ حکومت عوام کے مسائل کے حل کے لیے ہر ممکن اقدامات اٹھا رہی ہے ۔ انہوں نے کہا کہ ترقیاتی منصوبوں کی بروقت تکمیل اولین ترجیح ہے اور اس سلسلے میں تمام محکموں کو ہدایات جاری کر دی گئی ہیں ۔ عوامی نمائندوں نے اس موقع پر اظہار خیال کرتے ہوئے کہا کہ علاقے میں سڑکوں ، تعلیم اور صحت کی سہولیات کی فراہمی کے لیے فنڈز مختص کیے جائیں ۔ اجلاس میں متعلقہ افسران نے بریفنگ دی اور مسائل کے حل کی یقین دہانی کرائی ۔ مظفرآباد ( سیاست نیوز ) آزاد جموں و کشمیر کے وزیر اعظم نے کہا ہے کہ حکومت عوام کے مسائل کے حل کے لیے ہر ممکن اقدامات اٹھا رہی ہے ۔ انہوں نے کہا کہ ترقیاتی منصوبوں کی بروقت تکمیل اولین ترجیح ہے اور اس سلسلے میں تمام محکموں کو ہدایات جاری کر دی گئی ہیں ۔ عوامی نمائندوں نے اس موقع پر اظہار خیال کرتے
اشتہار 72
سیاست
مظفرآباد ( سیاست نیوز ) آزاد جموں و کشمیر کے وزیر اعظم نے کہا ہے کہ حکومت عوام کے مسائل کے حل کے لیے ہر ممکن اقدامات اٹھا رہی ہے ۔ انہوں نے کہا کہ ترقیاتی منصوبوں کی بروقت تکمیل اولین ترجیح ہے اور اس سلسلے میں تمام محکموں کو ہدایات جاری کر دی گئی ہیں ۔ عوامی نمائندوں نے اس موقع پر اظہار خیال کرتے ہوئے کہا کہ علاقے میں سڑکوں ، تعلیم اور صحت کی سہولیات کی فراہمی کے لیے فنڈز مختص کیے جائیں ۔ اجلاس میں متعلقہ افسران نے بریفنگ دی اور مسائل کے حل کی یقین دہانی کرائی ۔ مظفرآباد ( سیاست نیوز ) آزاد جموں و کشمیر کے وزیر اعظم نے کہا ہے کہ حکومت عوام کے مسائل کے حل کے لیے ہر ممکن اقدامات اٹھا رہی ہے ۔ انہوں نے کہا کہ ترقیاتی منصوبوں کی بروقت تکمیل اولین ترجیح ہے اور اس سلسلے میں تمام محکموں کو ہدایات جاری کر دی گئی ہیں ۔ عوامی نمائندوں نے اس موقع پر اظہار خیال کرتے ہوئے کہا کہ علاقے میں سڑکوں ، تعلیم اور صحت کی سہولیات کی فراہمی کے لیے فنڈز مختص کیے
اشتہار 73
سیاست
مظفرآباد ( سیاست نیوز ) آزاد جموں و کشمیر کے وزیر اعظم نے کہا ہے کہ حکومت عوام کے مسائل کے حل کے لیے ہر ممکن اقدامات اٹھا رہی ہے ۔ انہوں نے کہا کہ ترقیاتی منصوبوں کی بروقت تکمیل اولین ترجیح ہے اور اس سلسلے میں تمام محکموں کو ہدایات جاری کر دی گئی ہیں ۔ عوامی نمائندوں نے اس موقع پر اظہار خیال کرتے ہوئے کہا کہ علاقے میں سڑکوں ، تعلیم اور صحت کی سہولیات کی فراہمی کے لیے فنڈز مختص کیے جائیں ۔ اجلاس میں متعلقہ افسران نے بریفنگ دی اور مسائل کے حل کی یقین دہانی کرائی ۔ مظفرآباد ( سیاست نیوز ) آزاد جموں و کشمیر کے وزیر اعظم نے کہا ہے کہ حکومت عوام کے مسائل کے حل کے لیے ہر ممکن اقدامات اٹھا رہی ہے ۔ انہوں نے کہا کہ ترقیاتی منصوبوں کی بروقت تکمیل اولین ترجیح ہے اور اس سلسلے میں تمام محکموں کو ہدایات جاری کر دی گئی ہیں ۔ عوامی نمائندوں نے اس موقع پر اظہار خیال کرتے ہوئے کہا کہ علاقے میں سڑکوں ، تعلیم اور صحت کی سہولیات کی فراہمی کے لیے فنڈز مختص کیے جائیں ۔ اجلاس میں متعلقہ افسران نے بریفنگ دی اور مسائل کے حل کی یقین دہانی کرائی ۔
اشتہار 74
سیاست
مظفرآباد ( سیاست نیوز ) آزاد جموں و کشمیر کے وزیر اعظم نے کہا ہے کہ حکومت عوام کے مسائل کے حل کے لیے ہر ممکن اقدامات اٹھا رہی ہے ۔ انہوں نے کہا کہ ترقیاتی منصوبوں کی بروقت تکمیل اولین ترجیح ہے اور اس سلسلے میں تمام محکموں کو ہدایات جاری کر دی گئی ہیں ۔ عوامی نمائندوں نے اس موقع پر اظہار خیال کرتے ہوئے کہا کہ علاقے میں سڑکوں ، تعلیم اور صحت کی سہولیات کی فراہمی کے لیے فنڈز مختص کیے جائیں ۔ اجلاس میں متعلقہ افسران نے بریفنگ دی
اشتہار 75
سیاست
مظفرآباد ( سیاست نیوز ) آزاد جموں و کشمیر کے وزیر اعظم نے کہا ہے کہ حکومت عوام کے مسائل کے حل کے لیے ہر ممکن اقدامات اٹھا رہی ہے ۔ انہوں نے کہا کہ ترقیاتی منصوبوں کی بروقت
اشتہار 76
سیاست
مظفرآباد ( سیاست نیوز ) آزاد جموں و کشمیر کے وزیر اعظم نے کہا ہے کہ حکومت عوام کے مسائل کے حل کے لیے ہر ممکن اقدامات اٹھا رہی ہے ۔ انہوں نے کہا کہ ترقیاتی منصوبوں کی بروقت تکمیل اولین ترجیح ہے اور اس سلسلے میں تمام محکموں کو ہدایات جاری کر دی گئی ہیں ۔
اشتہار 77
سیاست
مظفرآباد ( سیاست نیوز ) آزاد جموں و کشمیر کے وزیر اعظم نے کہا ہے کہ حکومت عوام کے مسائل کے حل کے لیے ہر ممکن اقدامات اٹھا رہی ہے ۔ انہوں نے کہا کہ ترقیاتی منصوبوں کی بروقت تکمیل اولین ترجیح ہے اور اس سلسلے میں تمام محکموں کو ہدایات جاری کر دی گئی ہیں ۔ عوامی نمائندوں نے اس موقع پر اظہار خیال کرتے ہوئے کہا کہ علاقے میں سڑکوں ، تعلیم اور صحت کی سہولیات کی فراہمی کے لیے فنڈز مختص کیے جائیں ۔ اجلاس میں متعلقہ افسران نے بریفنگ دی اور مسائل کے حل کی یقین دہانی کرائی ۔ مظفرآباد ( سیاست نیوز ) آزاد جموں و کشمیر کے
اشتہار 78
سیاست
مظفرآباد ( سیاست نیوز ) آزاد جموں و کشمیر کے وزیر اعظم نے کہا ہے کہ حکومت عوام کے مسائل کے حل کے لیے ہر ممکن اقدامات اٹھا رہی ہے ۔ انہوں نے کہا کہ ترقیاتی منصوبوں کی بروقت تکمیل اولین ترجیح ہے اور اس سلسلے میں تمام محکموں کو ہدایات جاری کر دی گئی ہیں ۔ عوامی نمائندوں نے اس موقع پر اظہار خیال کرتے ہوئے کہا کہ علاقے میں سڑکوں ، تعلیم اور صحت کی سہولیات کی فراہمی کے لیے فنڈز مختص کیے جائیں ۔ اجلاس میں متعلقہ افسران نے بریفنگ دی اور مسائل کے حل کی یقین دہانی کرائی ۔ مظفرآباد ( سیاست نیوز ) آزاد جموں و کشمیر کے وزیر اعظم نے کہا ہے کہ حکومت عوام کے مسائل کے حل کے لیے ہر ممکن اقدامات اٹھا رہی ہے ۔ انہوں نے کہا کہ ترقیاتی منصوبوں کی بروقت تکمیل اولین ترجیح ہے اور اس سلسلے میں تمام محکموں کو ہدایات جاری کر دی گئی ہیں ۔ عوامی نمائندوں نے اس موقع پر اظہار خیال کرتے ہوئے کہا کہ علاقے میں سڑکوں ، تعلیم اور صحت کی سہولیات کی فراہمی کے لیے فنڈز مختص کیے
اشتہار 79
سیاست
مظفرآباد ( سیاست نیوز ) آزاد جموں و کشمیر کے وزیر اعظم نے کہا ہے کہ حکومت عوام کے مسائل کے حل کے لیے ہر ممکن اقدامات اٹھا رہی ہے ۔ انہوں نے کہا کہ ترقیاتی منصوبوں کی بروقت تکمیل اولین ترجیح ہے اور اس سلسلے میں تمام محکموں کو ہدایات جاری کر دی گئی ہیں ۔ عوامی نمائندوں نے اس موقع پر اظہار خیال کرتے ہوئے کہا کہ علاقے میں سڑکوں ، تعلیم اور صحت کی سہولیات کی فراہمی کے لیے فنڈز مختص کیے جائیں ۔ اجلاس میں متعلقہ افسران نے بریفنگ دی اور مسائل کے حل کی یقین دہانی کرائی ۔ مظفرآباد ( سیاست نیوز ) آزاد جموں و کشمیر کے وزیر اعظم نے کہا ہے کہ حکومت عوام کے مسائل کے حل کے لیے ہر ممکن اقدامات اٹھا رہی ہے ۔ انہوں نے کہا کہ ترقیاتی منصوبوں کی بروقت تکمیل اولین ترجیح ہے اور اس سلسلے میں تمام محکموں کو ہدایات جاری کر دی گئی ہیں ۔ عوامی نمائندوں نے اس موقع پر اظہار خیال کرتے
اشتہار 80
سیاست
مظفرآباد ( سیاست نیوز ) آزاد جموں و کشمیر کے وزیر اعظم نے کہا ہے کہ حکومت عوام کے مسائل کے حل کے لیے ہر ممکن اقدامات اٹھا رہی ہے ۔ انہوں نے کہا کہ ترقیاتی منصوبوں کی بروقت تکمیل اولین ترجیح ہے اور اس سلسلے میں تمام محکموں کو ہدایات جاری کر دی گئی ہیں ۔ عوامی نمائندوں نے اس موقع پر اظہار خیال کرتے ہوئے کہا کہ علاقے میں سڑکوں ، تعلیم اور صحت کی سہولیات کی فراہمی کے لیے فنڈز مختص کیے جائیں ۔ اجلاس میں متعلقہ افسران نے بریفنگ دی اور مسائل کے حل کی یقین دہانی کرائی ۔ مظفرآباد ( سیاست نیوز ) آزاد جموں و کشمیر کے وزیر اعظم نے کہا ہے کہ حکومت عوام کے مسائل کے حل کے لیے ہر ممکن اقدامات اٹھا رہی ہے ۔ انہوں نے کہا کہ ترقیاتی منصوبوں کی بروقت تکمیل اولین ترجیح ہے اور اس سلسلے میں تمام محکموں کو ہدایات جاری کر دی گئی ہیں ۔ عوامی نمائندوں نے اس موقع پر اظہار خیال کرتے ہوئے کہا کہ علاقے میں سڑکوں ، تعلیم اور صحت کی سہولیات کی فراہمی کے لیے فنڈز مختص کیے جائیں ۔ اجلاس میں متعلقہ افسران نے بریفنگ دی اور مسائل کے حل کی یقین دہانی کرائی ۔ مظفرآباد ( سیاست نیوز ) آزاد جموں و کشمیر کے وزیر اعظم نے کہا ہے کہ حکومت عوام کے مسائل کے حل کے لیے ہر ممکن اقدامات اٹھا رہی ہے ۔ انہوں نے کہا کہ ترقیاتی منصوبوں کی بروقت تکمیل اولین ترجیح ہے اور اس سلسلے میں تمام محکموں کو ہدایات جاری کر دی گئی ہیں ۔
اشتہار 81
سیاست
مظفرآباد ( سیاست نیوز ) آزاد جموں و کشمیر کے وزیر اعظم نے کہا ہے کہ حکومت عوام کے مسائل کے حل کے لیے ہر ممکن اقدامات اٹھا رہی ہے ۔ انہوں نے کہا کہ ترقیاتی منصوبوں کی بروقت
روزنامہ سیاست	روزنامہ سیاست	روزنامہ سیاست	روزنامہ سیاست	روزنامہ سیاست	روزنامہ سیاست	روزنامہ سیاست	روزنامہ سیاست
